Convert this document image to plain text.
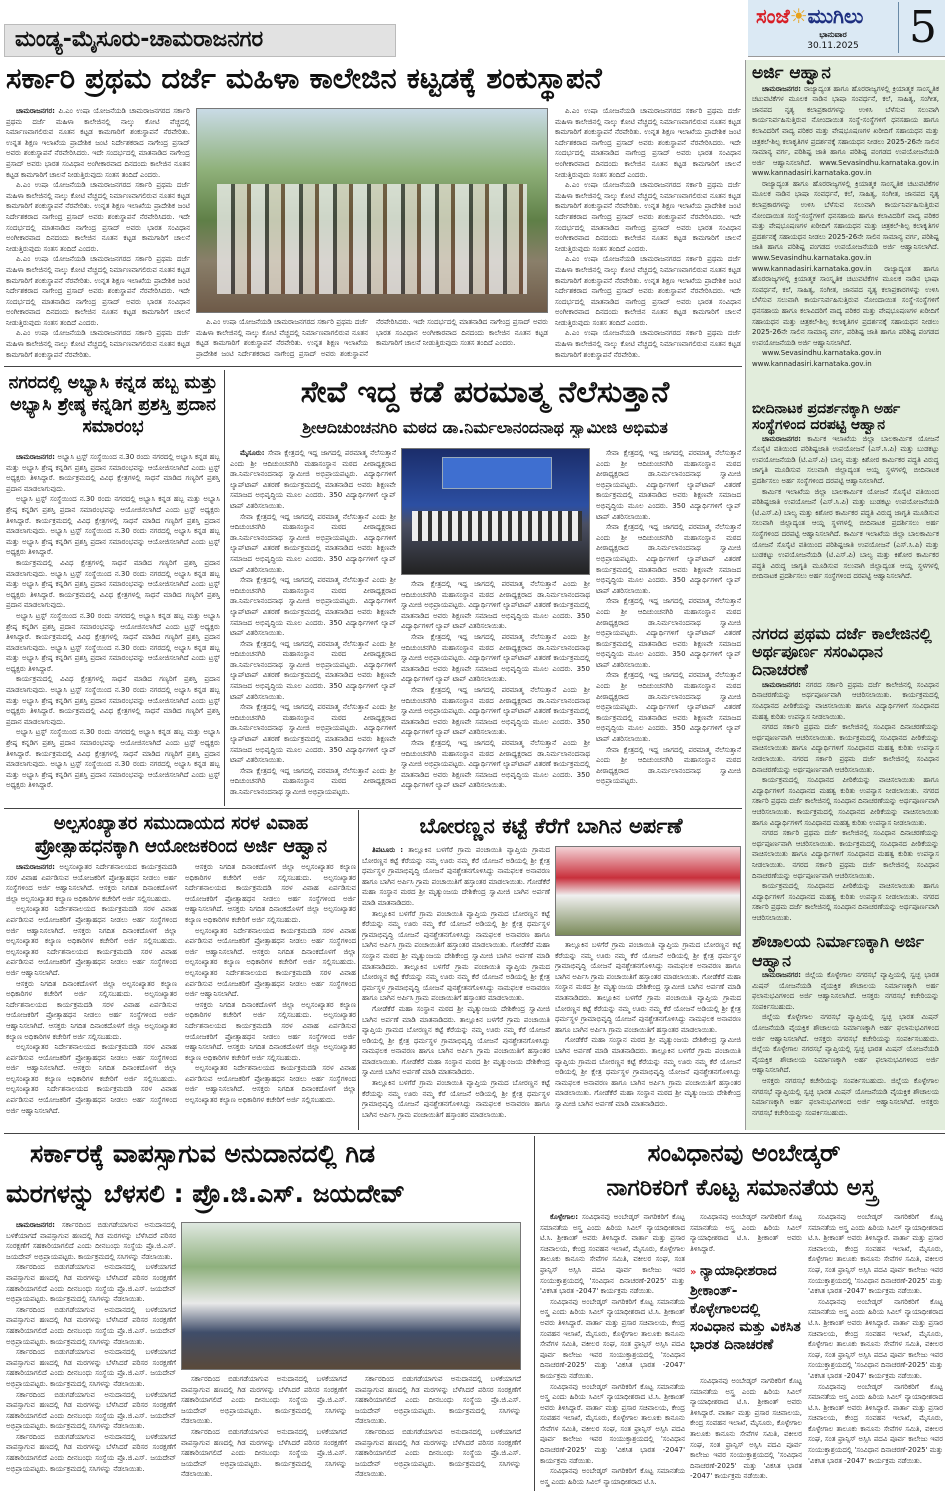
ಮಂಡ್ಯ-ಮೈಸೂರು-ಚಾಮರಾಜನಗರ
ಸಂಜೆ☀ಮುಗಿಲು
ಭಾನುವಾರ
30.11.2025	5
ಸರ್ಕಾರಿ ಪ್ರಥಮ ದರ್ಜೆ ಮಹಿಳಾ ಕಾಲೇಜಿನ ಕಟ್ಟಡಕ್ಕೆ ಶಂಕುಸ್ಥಾಪನೆ

ಚಾಮರಾಜನಗರ: ಪಿ.ಎಂ ಉಷಾ ಯೋಜನೆಯಡಿ ಚಾಮರಾಜನಗರದ ಸರ್ಕಾರಿ ಪ್ರಥಮ ದರ್ಜೆ ಮಹಿಳಾ ಕಾಲೇಜಿನಲ್ಲಿ ನಾಲ್ಕು ಕೋಟಿ ವೆಚ್ಚದಲ್ಲಿ ನಿರ್ಮಾಣವಾಗಲಿರುವ ನೂತನ ಕಟ್ಟಡ ಕಾಮಗಾರಿಗೆ ಶಂಕುಸ್ಥಾಪನೆ ನೆರವೇರಿತು. ಉನ್ನತ ಶಿಕ್ಷಣ ಇಲಾಖೆಯ ಪ್ರಾದೇಶಿಕ ಜಂಟಿ ನಿರ್ದೇಶಕರಾದ ನಾಗೇಂದ್ರ ಪ್ರಸಾದ್ ಅವರು ಶಂಕುಸ್ಥಾಪನೆ ನೆರವೇರಿಸಿದರು. ಇದೇ ಸಂದರ್ಭದಲ್ಲಿ ಮಾತನಾಡಿದ ನಾಗೇಂದ್ರ ಪ್ರಸಾದ್ ಅವರು ಭಾರತ ಸಂವಿಧಾನ ಅಂಗೀಕಾರವಾದ ದಿನದಂದು ಕಾಲೇಜಿನ ನೂತನ ಕಟ್ಟಡ ಕಾಮಗಾರಿಗೆ ಚಾಲನೆ ನೀಡುತ್ತಿರುವುದು ಸಂತಸ ತಂದಿದೆ ಎಂದರು.

ಪಿ.ಎಂ ಉಷಾ ಯೋಜನೆಯಡಿ ಚಾಮರಾಜನಗರದ ಸರ್ಕಾರಿ ಪ್ರಥಮ ದರ್ಜೆ ಮಹಿಳಾ ಕಾಲೇಜಿನಲ್ಲಿ ನಾಲ್ಕು ಕೋಟಿ ವೆಚ್ಚದಲ್ಲಿ ನಿರ್ಮಾಣವಾಗಲಿರುವ ನೂತನ ಕಟ್ಟಡ ಕಾಮಗಾರಿಗೆ ಶಂಕುಸ್ಥಾಪನೆ ನೆರವೇರಿತು. ಉನ್ನತ ಶಿಕ್ಷಣ ಇಲಾಖೆಯ ಪ್ರಾದೇಶಿಕ ಜಂಟಿ ನಿರ್ದೇಶಕರಾದ ನಾಗೇಂದ್ರ ಪ್ರಸಾದ್ ಅವರು ಶಂಕುಸ್ಥಾಪನೆ ನೆರವೇರಿಸಿದರು. ಇದೇ ಸಂದರ್ಭದಲ್ಲಿ ಮಾತನಾಡಿದ ನಾಗೇಂದ್ರ ಪ್ರಸಾದ್ ಅವರು ಭಾರತ ಸಂವಿಧಾನ ಅಂಗೀಕಾರವಾದ ದಿನದಂದು ಕಾಲೇಜಿನ ನೂತನ ಕಟ್ಟಡ ಕಾಮಗಾರಿಗೆ ಚಾಲನೆ ನೀಡುತ್ತಿರುವುದು ಸಂತಸ ತಂದಿದೆ ಎಂದರು.

ಪಿ.ಎಂ ಉಷಾ ಯೋಜನೆಯಡಿ ಚಾಮರಾಜನಗರದ ಸರ್ಕಾರಿ ಪ್ರಥಮ ದರ್ಜೆ ಮಹಿಳಾ ಕಾಲೇಜಿನಲ್ಲಿ ನಾಲ್ಕು ಕೋಟಿ ವೆಚ್ಚದಲ್ಲಿ ನಿರ್ಮಾಣವಾಗಲಿರುವ ನೂತನ ಕಟ್ಟಡ ಕಾಮಗಾರಿಗೆ ಶಂಕುಸ್ಥಾಪನೆ ನೆರವೇರಿತು. ಉನ್ನತ ಶಿಕ್ಷಣ ಇಲಾಖೆಯ ಪ್ರಾದೇಶಿಕ ಜಂಟಿ ನಿರ್ದೇಶಕರಾದ ನಾಗೇಂದ್ರ ಪ್ರಸಾದ್ ಅವರು ಶಂಕುಸ್ಥಾಪನೆ ನೆರವೇರಿಸಿದರು. ಇದೇ ಸಂದರ್ಭದಲ್ಲಿ ಮಾತನಾಡಿದ ನಾಗೇಂದ್ರ ಪ್ರಸಾದ್ ಅವರು ಭಾರತ ಸಂವಿಧಾನ ಅಂಗೀಕಾರವಾದ ದಿನದಂದು ಕಾಲೇಜಿನ ನೂತನ ಕಟ್ಟಡ ಕಾಮಗಾರಿಗೆ ಚಾಲನೆ ನೀಡುತ್ತಿರುವುದು ಸಂತಸ ತಂದಿದೆ ಎಂದರು.

ಪಿ.ಎಂ ಉಷಾ ಯೋಜನೆಯಡಿ ಚಾಮರಾಜನಗರದ ಸರ್ಕಾರಿ ಪ್ರಥಮ ದರ್ಜೆ ಮಹಿಳಾ ಕಾಲೇಜಿನಲ್ಲಿ ನಾಲ್ಕು ಕೋಟಿ ವೆಚ್ಚದಲ್ಲಿ ನಿರ್ಮಾಣವಾಗಲಿರುವ ನೂತನ ಕಟ್ಟಡ ಕಾಮಗಾರಿಗೆ ಶಂಕುಸ್ಥಾಪನೆ ನೆರವೇರಿತು.

ಪಿ.ಎಂ ಉಷಾ ಯೋಜನೆಯಡಿ ಚಾಮರಾಜನಗರದ ಸರ್ಕಾರಿ ಪ್ರಥಮ ದರ್ಜೆ ಮಹಿಳಾ ಕಾಲೇಜಿನಲ್ಲಿ ನಾಲ್ಕು ಕೋಟಿ ವೆಚ್ಚದಲ್ಲಿ ನಿರ್ಮಾಣವಾಗಲಿರುವ ನೂತನ ಕಟ್ಟಡ ಕಾಮಗಾರಿಗೆ ಶಂಕುಸ್ಥಾಪನೆ ನೆರವೇರಿತು. ಉನ್ನತ ಶಿಕ್ಷಣ ಇಲಾಖೆಯ ಪ್ರಾದೇಶಿಕ ಜಂಟಿ ನಿರ್ದೇಶಕರಾದ ನಾಗೇಂದ್ರ ಪ್ರಸಾದ್ ಅವರು ಶಂಕುಸ್ಥಾಪನೆ ನೆರವೇರಿಸಿದರು. ಇದೇ ಸಂದರ್ಭದಲ್ಲಿ ಮಾತನಾಡಿದ ನಾಗೇಂದ್ರ ಪ್ರಸಾದ್ ಅವರು ಭಾರತ ಸಂವಿಧಾನ ಅಂಗೀಕಾರವಾದ ದಿನದಂದು ಕಾಲೇಜಿನ ನೂತನ ಕಟ್ಟಡ ಕಾಮಗಾರಿಗೆ ಚಾಲನೆ ನೀಡುತ್ತಿರುವುದು ಸಂತಸ ತಂದಿದೆ ಎಂದರು.

ಪಿ.ಎಂ ಉಷಾ ಯೋಜನೆಯಡಿ ಚಾಮರಾಜನಗರದ ಸರ್ಕಾರಿ ಪ್ರಥಮ ದರ್ಜೆ ಮಹಿಳಾ ಕಾಲೇಜಿನಲ್ಲಿ ನಾಲ್ಕು ಕೋಟಿ ವೆಚ್ಚದಲ್ಲಿ ನಿರ್ಮಾಣವಾಗಲಿರುವ ನೂತನ ಕಟ್ಟಡ ಕಾಮಗಾರಿಗೆ ಶಂಕುಸ್ಥಾಪನೆ ನೆರವೇರಿತು. ಉನ್ನತ ಶಿಕ್ಷಣ ಇಲಾಖೆಯ ಪ್ರಾದೇಶಿಕ ಜಂಟಿ ನಿರ್ದೇಶಕರಾದ ನಾಗೇಂದ್ರ ಪ್ರಸಾದ್ ಅವರು ಶಂಕುಸ್ಥಾಪನೆ ನೆರವೇರಿಸಿದರು. ಇದೇ ಸಂದರ್ಭದಲ್ಲಿ ಮಾತನಾಡಿದ ನಾಗೇಂದ್ರ ಪ್ರಸಾದ್ ಅವರು ಭಾರತ ಸಂವಿಧಾನ ಅಂಗೀಕಾರವಾದ ದಿನದಂದು ಕಾಲೇಜಿನ ನೂತನ ಕಟ್ಟಡ ಕಾಮಗಾರಿಗೆ ಚಾಲನೆ ನೀಡುತ್ತಿರುವುದು ಸಂತಸ ತಂದಿದೆ ಎಂದರು.

ಪಿ.ಎಂ ಉಷಾ ಯೋಜನೆಯಡಿ ಚಾಮರಾಜನಗರದ ಸರ್ಕಾರಿ ಪ್ರಥಮ ದರ್ಜೆ ಮಹಿಳಾ ಕಾಲೇಜಿನಲ್ಲಿ ನಾಲ್ಕು ಕೋಟಿ ವೆಚ್ಚದಲ್ಲಿ ನಿರ್ಮಾಣವಾಗಲಿರುವ ನೂತನ ಕಟ್ಟಡ ಕಾಮಗಾರಿಗೆ ಶಂಕುಸ್ಥಾಪನೆ ನೆರವೇರಿತು. ಉನ್ನತ ಶಿಕ್ಷಣ ಇಲಾಖೆಯ ಪ್ರಾದೇಶಿಕ ಜಂಟಿ ನಿರ್ದೇಶಕರಾದ ನಾಗೇಂದ್ರ ಪ್ರಸಾದ್ ಅವರು ಶಂಕುಸ್ಥಾಪನೆ ನೆರವೇರಿಸಿದರು. ಇದೇ ಸಂದರ್ಭದಲ್ಲಿ ಮಾತನಾಡಿದ ನಾಗೇಂದ್ರ ಪ್ರಸಾದ್ ಅವರು ಭಾರತ ಸಂವಿಧಾನ ಅಂಗೀಕಾರವಾದ ದಿನದಂದು ಕಾಲೇಜಿನ ನೂತನ ಕಟ್ಟಡ ಕಾಮಗಾರಿಗೆ ಚಾಲನೆ ನೀಡುತ್ತಿರುವುದು ಸಂತಸ ತಂದಿದೆ ಎಂದರು.

ಪಿ.ಎಂ ಉಷಾ ಯೋಜನೆಯಡಿ ಚಾಮರಾಜನಗರದ ಸರ್ಕಾರಿ ಪ್ರಥಮ ದರ್ಜೆ ಮಹಿಳಾ ಕಾಲೇಜಿನಲ್ಲಿ ನಾಲ್ಕು ಕೋಟಿ ವೆಚ್ಚದಲ್ಲಿ ನಿರ್ಮಾಣವಾಗಲಿರುವ ನೂತನ ಕಟ್ಟಡ ಕಾಮಗಾರಿಗೆ ಶಂಕುಸ್ಥಾಪನೆ ನೆರವೇರಿತು. ಉನ್ನತ ಶಿಕ್ಷಣ ಇಲಾಖೆಯ ಪ್ರಾದೇಶಿಕ ಜಂಟಿ ನಿರ್ದೇಶಕರಾದ ನಾಗೇಂದ್ರ ಪ್ರಸಾದ್ ಅವರು ಶಂಕುಸ್ಥಾಪನೆ ನೆರವೇರಿಸಿದರು. ಇದೇ ಸಂದರ್ಭದಲ್ಲಿ ಮಾತನಾಡಿದ ನಾಗೇಂದ್ರ ಪ್ರಸಾದ್ ಅವರು ಭಾರತ ಸಂವಿಧಾನ ಅಂಗೀಕಾರವಾದ ದಿನದಂದು ಕಾಲೇಜಿನ ನೂತನ ಕಟ್ಟಡ ಕಾಮಗಾರಿಗೆ ಚಾಲನೆ ನೀಡುತ್ತಿರುವುದು ಸಂತಸ ತಂದಿದೆ ಎಂದರು.

ಪಿ.ಎಂ ಉಷಾ ಯೋಜನೆಯಡಿ ಚಾಮರಾಜನಗರದ ಸರ್ಕಾರಿ ಪ್ರಥಮ ದರ್ಜೆ ಮಹಿಳಾ ಕಾಲೇಜಿನಲ್ಲಿ ನಾಲ್ಕು ಕೋಟಿ ವೆಚ್ಚದಲ್ಲಿ ನಿರ್ಮಾಣವಾಗಲಿರುವ ನೂತನ ಕಟ್ಟಡ ಕಾಮಗಾರಿಗೆ ಶಂಕುಸ್ಥಾಪನೆ ನೆರವೇರಿತು.

ನಗರದಲ್ಲಿ ಅಭ್ಯಾಸಿ ಕನ್ನಡ ಹಬ್ಬ ಮತ್ತು ಅಭ್ಯಾಸಿ ಶ್ರೇಷ್ಠ ಕನ್ನಡಿಗ ಪ್ರಶಸ್ತಿ ಪ್ರದಾನ ಸಮಾರಂಭ

ಚಾಮರಾಜನಗರ: ಅಭ್ಯಾಸಿ ಟ್ರಸ್ಟ್ ಸಂಸ್ಥೆಯಿಂದ ನ.30 ರಂದು ನಗರದಲ್ಲಿ ಅಭ್ಯಾಸಿ ಕನ್ನಡ ಹಬ್ಬ ಮತ್ತು ಅಭ್ಯಾಸಿ ಶ್ರೇಷ್ಠ ಕನ್ನಡಿಗ ಪ್ರಶಸ್ತಿ ಪ್ರದಾನ ಸಮಾರಂಭವನ್ನು ಆಯೋಜಿಸಲಾಗಿದೆ ಎಂದು ಟ್ರಸ್ಟ್ ಅಧ್ಯಕ್ಷರು ತಿಳಿಸಿದ್ದಾರೆ. ಕಾರ್ಯಕ್ರಮದಲ್ಲಿ ವಿವಿಧ ಕ್ಷೇತ್ರಗಳಲ್ಲಿ ಸಾಧನೆ ಮಾಡಿದ ಗಣ್ಯರಿಗೆ ಪ್ರಶಸ್ತಿ ಪ್ರದಾನ ಮಾಡಲಾಗುವುದು.

ಅಭ್ಯಾಸಿ ಟ್ರಸ್ಟ್ ಸಂಸ್ಥೆಯಿಂದ ನ.30 ರಂದು ನಗರದಲ್ಲಿ ಅಭ್ಯಾಸಿ ಕನ್ನಡ ಹಬ್ಬ ಮತ್ತು ಅಭ್ಯಾಸಿ ಶ್ರೇಷ್ಠ ಕನ್ನಡಿಗ ಪ್ರಶಸ್ತಿ ಪ್ರದಾನ ಸಮಾರಂಭವನ್ನು ಆಯೋಜಿಸಲಾಗಿದೆ ಎಂದು ಟ್ರಸ್ಟ್ ಅಧ್ಯಕ್ಷರು ತಿಳಿಸಿದ್ದಾರೆ. ಕಾರ್ಯಕ್ರಮದಲ್ಲಿ ವಿವಿಧ ಕ್ಷೇತ್ರಗಳಲ್ಲಿ ಸಾಧನೆ ಮಾಡಿದ ಗಣ್ಯರಿಗೆ ಪ್ರಶಸ್ತಿ ಪ್ರದಾನ ಮಾಡಲಾಗುವುದು. ಅಭ್ಯಾಸಿ ಟ್ರಸ್ಟ್ ಸಂಸ್ಥೆಯಿಂದ ನ.30 ರಂದು ನಗರದಲ್ಲಿ ಅಭ್ಯಾಸಿ ಕನ್ನಡ ಹಬ್ಬ ಮತ್ತು ಅಭ್ಯಾಸಿ ಶ್ರೇಷ್ಠ ಕನ್ನಡಿಗ ಪ್ರಶಸ್ತಿ ಪ್ರದಾನ ಸಮಾರಂಭವನ್ನು ಆಯೋಜಿಸಲಾಗಿದೆ ಎಂದು ಟ್ರಸ್ಟ್ ಅಧ್ಯಕ್ಷರು ತಿಳಿಸಿದ್ದಾರೆ.

ಕಾರ್ಯಕ್ರಮದಲ್ಲಿ ವಿವಿಧ ಕ್ಷೇತ್ರಗಳಲ್ಲಿ ಸಾಧನೆ ಮಾಡಿದ ಗಣ್ಯರಿಗೆ ಪ್ರಶಸ್ತಿ ಪ್ರದಾನ ಮಾಡಲಾಗುವುದು. ಅಭ್ಯಾಸಿ ಟ್ರಸ್ಟ್ ಸಂಸ್ಥೆಯಿಂದ ನ.30 ರಂದು ನಗರದಲ್ಲಿ ಅಭ್ಯಾಸಿ ಕನ್ನಡ ಹಬ್ಬ ಮತ್ತು ಅಭ್ಯಾಸಿ ಶ್ರೇಷ್ಠ ಕನ್ನಡಿಗ ಪ್ರಶಸ್ತಿ ಪ್ರದಾನ ಸಮಾರಂಭವನ್ನು ಆಯೋಜಿಸಲಾಗಿದೆ ಎಂದು ಟ್ರಸ್ಟ್ ಅಧ್ಯಕ್ಷರು ತಿಳಿಸಿದ್ದಾರೆ. ಕಾರ್ಯಕ್ರಮದಲ್ಲಿ ವಿವಿಧ ಕ್ಷೇತ್ರಗಳಲ್ಲಿ ಸಾಧನೆ ಮಾಡಿದ ಗಣ್ಯರಿಗೆ ಪ್ರಶಸ್ತಿ ಪ್ರದಾನ ಮಾಡಲಾಗುವುದು.

ಅಭ್ಯಾಸಿ ಟ್ರಸ್ಟ್ ಸಂಸ್ಥೆಯಿಂದ ನ.30 ರಂದು ನಗರದಲ್ಲಿ ಅಭ್ಯಾಸಿ ಕನ್ನಡ ಹಬ್ಬ ಮತ್ತು ಅಭ್ಯಾಸಿ ಶ್ರೇಷ್ಠ ಕನ್ನಡಿಗ ಪ್ರಶಸ್ತಿ ಪ್ರದಾನ ಸಮಾರಂಭವನ್ನು ಆಯೋಜಿಸಲಾಗಿದೆ ಎಂದು ಟ್ರಸ್ಟ್ ಅಧ್ಯಕ್ಷರು ತಿಳಿಸಿದ್ದಾರೆ. ಕಾರ್ಯಕ್ರಮದಲ್ಲಿ ವಿವಿಧ ಕ್ಷೇತ್ರಗಳಲ್ಲಿ ಸಾಧನೆ ಮಾಡಿದ ಗಣ್ಯರಿಗೆ ಪ್ರಶಸ್ತಿ ಪ್ರದಾನ ಮಾಡಲಾಗುವುದು. ಅಭ್ಯಾಸಿ ಟ್ರಸ್ಟ್ ಸಂಸ್ಥೆಯಿಂದ ನ.30 ರಂದು ನಗರದಲ್ಲಿ ಅಭ್ಯಾಸಿ ಕನ್ನಡ ಹಬ್ಬ ಮತ್ತು ಅಭ್ಯಾಸಿ ಶ್ರೇಷ್ಠ ಕನ್ನಡಿಗ ಪ್ರಶಸ್ತಿ ಪ್ರದಾನ ಸಮಾರಂಭವನ್ನು ಆಯೋಜಿಸಲಾಗಿದೆ ಎಂದು ಟ್ರಸ್ಟ್ ಅಧ್ಯಕ್ಷರು ತಿಳಿಸಿದ್ದಾರೆ.

ಕಾರ್ಯಕ್ರಮದಲ್ಲಿ ವಿವಿಧ ಕ್ಷೇತ್ರಗಳಲ್ಲಿ ಸಾಧನೆ ಮಾಡಿದ ಗಣ್ಯರಿಗೆ ಪ್ರಶಸ್ತಿ ಪ್ರದಾನ ಮಾಡಲಾಗುವುದು. ಅಭ್ಯಾಸಿ ಟ್ರಸ್ಟ್ ಸಂಸ್ಥೆಯಿಂದ ನ.30 ರಂದು ನಗರದಲ್ಲಿ ಅಭ್ಯಾಸಿ ಕನ್ನಡ ಹಬ್ಬ ಮತ್ತು ಅಭ್ಯಾಸಿ ಶ್ರೇಷ್ಠ ಕನ್ನಡಿಗ ಪ್ರಶಸ್ತಿ ಪ್ರದಾನ ಸಮಾರಂಭವನ್ನು ಆಯೋಜಿಸಲಾಗಿದೆ ಎಂದು ಟ್ರಸ್ಟ್ ಅಧ್ಯಕ್ಷರು ತಿಳಿಸಿದ್ದಾರೆ. ಕಾರ್ಯಕ್ರಮದಲ್ಲಿ ವಿವಿಧ ಕ್ಷೇತ್ರಗಳಲ್ಲಿ ಸಾಧನೆ ಮಾಡಿದ ಗಣ್ಯರಿಗೆ ಪ್ರಶಸ್ತಿ ಪ್ರದಾನ ಮಾಡಲಾಗುವುದು.

ಅಭ್ಯಾಸಿ ಟ್ರಸ್ಟ್ ಸಂಸ್ಥೆಯಿಂದ ನ.30 ರಂದು ನಗರದಲ್ಲಿ ಅಭ್ಯಾಸಿ ಕನ್ನಡ ಹಬ್ಬ ಮತ್ತು ಅಭ್ಯಾಸಿ ಶ್ರೇಷ್ಠ ಕನ್ನಡಿಗ ಪ್ರಶಸ್ತಿ ಪ್ರದಾನ ಸಮಾರಂಭವನ್ನು ಆಯೋಜಿಸಲಾಗಿದೆ ಎಂದು ಟ್ರಸ್ಟ್ ಅಧ್ಯಕ್ಷರು ತಿಳಿಸಿದ್ದಾರೆ. ಕಾರ್ಯಕ್ರಮದಲ್ಲಿ ವಿವಿಧ ಕ್ಷೇತ್ರಗಳಲ್ಲಿ ಸಾಧನೆ ಮಾಡಿದ ಗಣ್ಯರಿಗೆ ಪ್ರಶಸ್ತಿ ಪ್ರದಾನ ಮಾಡಲಾಗುವುದು. ಅಭ್ಯಾಸಿ ಟ್ರಸ್ಟ್ ಸಂಸ್ಥೆಯಿಂದ ನ.30 ರಂದು ನಗರದಲ್ಲಿ ಅಭ್ಯಾಸಿ ಕನ್ನಡ ಹಬ್ಬ ಮತ್ತು ಅಭ್ಯಾಸಿ ಶ್ರೇಷ್ಠ ಕನ್ನಡಿಗ ಪ್ರಶಸ್ತಿ ಪ್ರದಾನ ಸಮಾರಂಭವನ್ನು ಆಯೋಜಿಸಲಾಗಿದೆ ಎಂದು ಟ್ರಸ್ಟ್ ಅಧ್ಯಕ್ಷರು ತಿಳಿಸಿದ್ದಾರೆ.

ಸೇವೆ ಇದ್ದ ಕಡೆ ಪರಮಾತ್ಮ ನೆಲೆಸುತ್ತಾನೆ
ಶ್ರೀಆದಿಚುಂಚನಗಿರಿ ಮಠದ ಡಾ.ನಿರ್ಮಲಾನಂದನಾಥ ಸ್ವಾಮೀಜಿ ಅಭಿಮತ

ಮೈಸೂರು: ಸೇವಾ ಕ್ಷೇತ್ರದಲ್ಲಿ ಇದ್ದ ಜಾಗದಲ್ಲಿ ಪರಮಾತ್ಮ ನೆಲೆಸುತ್ತಾನೆ ಎಂದು ಶ್ರೀ ಆದಿಚುಂಚನಗಿರಿ ಮಹಾಸಂಸ್ಥಾನ ಮಠದ ಪೀಠಾಧ್ಯಕ್ಷರಾದ ಡಾ.ನಿರ್ಮಲಾನಂದನಾಥ ಸ್ವಾಮೀಜಿ ಅಭಿಪ್ರಾಯಪಟ್ಟರು. ವಿದ್ಯಾರ್ಥಿಗಳಿಗೆ ಲ್ಯಾಪ್‌ಟಾಪ್ ವಿತರಣೆ ಕಾರ್ಯಕ್ರಮದಲ್ಲಿ ಮಾತನಾಡಿದ ಅವರು ಶಿಕ್ಷಣವೇ ಸಮಾಜದ ಅಭಿವೃದ್ಧಿಯ ಮೂಲ ಎಂದರು. 350 ವಿದ್ಯಾರ್ಥಿಗಳಿಗೆ ಲ್ಯಾಪ್ ಟಾಪ್ ವಿತರಿಸಲಾಯಿತು.

ಸೇವಾ ಕ್ಷೇತ್ರದಲ್ಲಿ ಇದ್ದ ಜಾಗದಲ್ಲಿ ಪರಮಾತ್ಮ ನೆಲೆಸುತ್ತಾನೆ ಎಂದು ಶ್ರೀ ಆದಿಚುಂಚನಗಿರಿ ಮಹಾಸಂಸ್ಥಾನ ಮಠದ ಪೀಠಾಧ್ಯಕ್ಷರಾದ ಡಾ.ನಿರ್ಮಲಾನಂದನಾಥ ಸ್ವಾಮೀಜಿ ಅಭಿಪ್ರಾಯಪಟ್ಟರು. ವಿದ್ಯಾರ್ಥಿಗಳಿಗೆ ಲ್ಯಾಪ್‌ಟಾಪ್ ವಿತರಣೆ ಕಾರ್ಯಕ್ರಮದಲ್ಲಿ ಮಾತನಾಡಿದ ಅವರು ಶಿಕ್ಷಣವೇ ಸಮಾಜದ ಅಭಿವೃದ್ಧಿಯ ಮೂಲ ಎಂದರು. 350 ವಿದ್ಯಾರ್ಥಿಗಳಿಗೆ ಲ್ಯಾಪ್ ಟಾಪ್ ವಿತರಿಸಲಾಯಿತು.

ಸೇವಾ ಕ್ಷೇತ್ರದಲ್ಲಿ ಇದ್ದ ಜಾಗದಲ್ಲಿ ಪರಮಾತ್ಮ ನೆಲೆಸುತ್ತಾನೆ ಎಂದು ಶ್ರೀ ಆದಿಚುಂಚನಗಿರಿ ಮಹಾಸಂಸ್ಥಾನ ಮಠದ ಪೀಠಾಧ್ಯಕ್ಷರಾದ ಡಾ.ನಿರ್ಮಲಾನಂದನಾಥ ಸ್ವಾಮೀಜಿ ಅಭಿಪ್ರಾಯಪಟ್ಟರು. ವಿದ್ಯಾರ್ಥಿಗಳಿಗೆ ಲ್ಯಾಪ್‌ಟಾಪ್ ವಿತರಣೆ ಕಾರ್ಯಕ್ರಮದಲ್ಲಿ ಮಾತನಾಡಿದ ಅವರು ಶಿಕ್ಷಣವೇ ಸಮಾಜದ ಅಭಿವೃದ್ಧಿಯ ಮೂಲ ಎಂದರು. 350 ವಿದ್ಯಾರ್ಥಿಗಳಿಗೆ ಲ್ಯಾಪ್ ಟಾಪ್ ವಿತರಿಸಲಾಯಿತು.

ಸೇವಾ ಕ್ಷೇತ್ರದಲ್ಲಿ ಇದ್ದ ಜಾಗದಲ್ಲಿ ಪರಮಾತ್ಮ ನೆಲೆಸುತ್ತಾನೆ ಎಂದು ಶ್ರೀ ಆದಿಚುಂಚನಗಿರಿ ಮಹಾಸಂಸ್ಥಾನ ಮಠದ ಪೀಠಾಧ್ಯಕ್ಷರಾದ ಡಾ.ನಿರ್ಮಲಾನಂದನಾಥ ಸ್ವಾಮೀಜಿ ಅಭಿಪ್ರಾಯಪಟ್ಟರು. ವಿದ್ಯಾರ್ಥಿಗಳಿಗೆ ಲ್ಯಾಪ್‌ಟಾಪ್ ವಿತರಣೆ ಕಾರ್ಯಕ್ರಮದಲ್ಲಿ ಮಾತನಾಡಿದ ಅವರು ಶಿಕ್ಷಣವೇ ಸಮಾಜದ ಅಭಿವೃದ್ಧಿಯ ಮೂಲ ಎಂದರು. 350 ವಿದ್ಯಾರ್ಥಿಗಳಿಗೆ ಲ್ಯಾಪ್ ಟಾಪ್ ವಿತರಿಸಲಾಯಿತು.

ಸೇವಾ ಕ್ಷೇತ್ರದಲ್ಲಿ ಇದ್ದ ಜಾಗದಲ್ಲಿ ಪರಮಾತ್ಮ ನೆಲೆಸುತ್ತಾನೆ ಎಂದು ಶ್ರೀ ಆದಿಚುಂಚನಗಿರಿ ಮಹಾಸಂಸ್ಥಾನ ಮಠದ ಪೀಠಾಧ್ಯಕ್ಷರಾದ ಡಾ.ನಿರ್ಮಲಾನಂದನಾಥ ಸ್ವಾಮೀಜಿ ಅಭಿಪ್ರಾಯಪಟ್ಟರು. ವಿದ್ಯಾರ್ಥಿಗಳಿಗೆ ಲ್ಯಾಪ್‌ಟಾಪ್ ವಿತರಣೆ ಕಾರ್ಯಕ್ರಮದಲ್ಲಿ ಮಾತನಾಡಿದ ಅವರು ಶಿಕ್ಷಣವೇ ಸಮಾಜದ ಅಭಿವೃದ್ಧಿಯ ಮೂಲ ಎಂದರು. 350 ವಿದ್ಯಾರ್ಥಿಗಳಿಗೆ ಲ್ಯಾಪ್ ಟಾಪ್ ವಿತರಿಸಲಾಯಿತು.

ಸೇವಾ ಕ್ಷೇತ್ರದಲ್ಲಿ ಇದ್ದ ಜಾಗದಲ್ಲಿ ಪರಮಾತ್ಮ ನೆಲೆಸುತ್ತಾನೆ ಎಂದು ಶ್ರೀ ಆದಿಚುಂಚನಗಿರಿ ಮಹಾಸಂಸ್ಥಾನ ಮಠದ ಪೀಠಾಧ್ಯಕ್ಷರಾದ ಡಾ.ನಿರ್ಮಲಾನಂದನಾಥ ಸ್ವಾಮೀಜಿ ಅಭಿಪ್ರಾಯಪಟ್ಟರು.

ಸೇವಾ ಕ್ಷೇತ್ರದಲ್ಲಿ ಇದ್ದ ಜಾಗದಲ್ಲಿ ಪರಮಾತ್ಮ ನೆಲೆಸುತ್ತಾನೆ ಎಂದು ಶ್ರೀ ಆದಿಚುಂಚನಗಿರಿ ಮಹಾಸಂಸ್ಥಾನ ಮಠದ ಪೀಠಾಧ್ಯಕ್ಷರಾದ ಡಾ.ನಿರ್ಮಲಾನಂದನಾಥ ಸ್ವಾಮೀಜಿ ಅಭಿಪ್ರಾಯಪಟ್ಟರು. ವಿದ್ಯಾರ್ಥಿಗಳಿಗೆ ಲ್ಯಾಪ್‌ಟಾಪ್ ವಿತರಣೆ ಕಾರ್ಯಕ್ರಮದಲ್ಲಿ ಮಾತನಾಡಿದ ಅವರು ಶಿಕ್ಷಣವೇ ಸಮಾಜದ ಅಭಿವೃದ್ಧಿಯ ಮೂಲ ಎಂದರು. 350 ವಿದ್ಯಾರ್ಥಿಗಳಿಗೆ ಲ್ಯಾಪ್ ಟಾಪ್ ವಿತರಿಸಲಾಯಿತು.

ಸೇವಾ ಕ್ಷೇತ್ರದಲ್ಲಿ ಇದ್ದ ಜಾಗದಲ್ಲಿ ಪರಮಾತ್ಮ ನೆಲೆಸುತ್ತಾನೆ ಎಂದು ಶ್ರೀ ಆದಿಚುಂಚನಗಿರಿ ಮಹಾಸಂಸ್ಥಾನ ಮಠದ ಪೀಠಾಧ್ಯಕ್ಷರಾದ ಡಾ.ನಿರ್ಮಲಾನಂದನಾಥ ಸ್ವಾಮೀಜಿ ಅಭಿಪ್ರಾಯಪಟ್ಟರು. ವಿದ್ಯಾರ್ಥಿಗಳಿಗೆ ಲ್ಯಾಪ್‌ಟಾಪ್ ವಿತರಣೆ ಕಾರ್ಯಕ್ರಮದಲ್ಲಿ ಮಾತನಾಡಿದ ಅವರು ಶಿಕ್ಷಣವೇ ಸಮಾಜದ ಅಭಿವೃದ್ಧಿಯ ಮೂಲ ಎಂದರು. 350 ವಿದ್ಯಾರ್ಥಿಗಳಿಗೆ ಲ್ಯಾಪ್ ಟಾಪ್ ವಿತರಿಸಲಾಯಿತು.

ಸೇವಾ ಕ್ಷೇತ್ರದಲ್ಲಿ ಇದ್ದ ಜಾಗದಲ್ಲಿ ಪರಮಾತ್ಮ ನೆಲೆಸುತ್ತಾನೆ ಎಂದು ಶ್ರೀ ಆದಿಚುಂಚನಗಿರಿ ಮಹಾಸಂಸ್ಥಾನ ಮಠದ ಪೀಠಾಧ್ಯಕ್ಷರಾದ ಡಾ.ನಿರ್ಮಲಾನಂದನಾಥ ಸ್ವಾಮೀಜಿ ಅಭಿಪ್ರಾಯಪಟ್ಟರು. ವಿದ್ಯಾರ್ಥಿಗಳಿಗೆ ಲ್ಯಾಪ್‌ಟಾಪ್ ವಿತರಣೆ ಕಾರ್ಯಕ್ರಮದಲ್ಲಿ ಮಾತನಾಡಿದ ಅವರು ಶಿಕ್ಷಣವೇ ಸಮಾಜದ ಅಭಿವೃದ್ಧಿಯ ಮೂಲ ಎಂದರು. 350 ವಿದ್ಯಾರ್ಥಿಗಳಿಗೆ ಲ್ಯಾಪ್ ಟಾಪ್ ವಿತರಿಸಲಾಯಿತು.

ಸೇವಾ ಕ್ಷೇತ್ರದಲ್ಲಿ ಇದ್ದ ಜಾಗದಲ್ಲಿ ಪರಮಾತ್ಮ ನೆಲೆಸುತ್ತಾನೆ ಎಂದು ಶ್ರೀ ಆದಿಚುಂಚನಗಿರಿ ಮಹಾಸಂಸ್ಥಾನ ಮಠದ ಪೀಠಾಧ್ಯಕ್ಷರಾದ ಡಾ.ನಿರ್ಮಲಾನಂದನಾಥ ಸ್ವಾಮೀಜಿ ಅಭಿಪ್ರಾಯಪಟ್ಟರು. ವಿದ್ಯಾರ್ಥಿಗಳಿಗೆ ಲ್ಯಾಪ್‌ಟಾಪ್ ವಿತರಣೆ ಕಾರ್ಯಕ್ರಮದಲ್ಲಿ ಮಾತನಾಡಿದ ಅವರು ಶಿಕ್ಷಣವೇ ಸಮಾಜದ ಅಭಿವೃದ್ಧಿಯ ಮೂಲ ಎಂದರು. 350 ವಿದ್ಯಾರ್ಥಿಗಳಿಗೆ ಲ್ಯಾಪ್ ಟಾಪ್ ವಿತರಿಸಲಾಯಿತು.

ಸೇವಾ ಕ್ಷೇತ್ರದಲ್ಲಿ ಇದ್ದ ಜಾಗದಲ್ಲಿ ಪರಮಾತ್ಮ ನೆಲೆಸುತ್ತಾನೆ ಎಂದು ಶ್ರೀ ಆದಿಚುಂಚನಗಿರಿ ಮಹಾಸಂಸ್ಥಾನ ಮಠದ ಪೀಠಾಧ್ಯಕ್ಷರಾದ ಡಾ.ನಿರ್ಮಲಾನಂದನಾಥ ಸ್ವಾಮೀಜಿ ಅಭಿಪ್ರಾಯಪಟ್ಟರು. ವಿದ್ಯಾರ್ಥಿಗಳಿಗೆ ಲ್ಯಾಪ್‌ಟಾಪ್ ವಿತರಣೆ ಕಾರ್ಯಕ್ರಮದಲ್ಲಿ ಮಾತನಾಡಿದ ಅವರು ಶಿಕ್ಷಣವೇ ಸಮಾಜದ ಅಭಿವೃದ್ಧಿಯ ಮೂಲ ಎಂದರು. 350 ವಿದ್ಯಾರ್ಥಿಗಳಿಗೆ ಲ್ಯಾಪ್ ಟಾಪ್ ವಿತರಿಸಲಾಯಿತು.

ಸೇವಾ ಕ್ಷೇತ್ರದಲ್ಲಿ ಇದ್ದ ಜಾಗದಲ್ಲಿ ಪರಮಾತ್ಮ ನೆಲೆಸುತ್ತಾನೆ ಎಂದು ಶ್ರೀ ಆದಿಚುಂಚನಗಿರಿ ಮಹಾಸಂಸ್ಥಾನ ಮಠದ ಪೀಠಾಧ್ಯಕ್ಷರಾದ ಡಾ.ನಿರ್ಮಲಾನಂದನಾಥ ಸ್ವಾಮೀಜಿ ಅಭಿಪ್ರಾಯಪಟ್ಟರು. ವಿದ್ಯಾರ್ಥಿಗಳಿಗೆ ಲ್ಯಾಪ್‌ಟಾಪ್ ವಿತರಣೆ ಕಾರ್ಯಕ್ರಮದಲ್ಲಿ ಮಾತನಾಡಿದ ಅವರು ಶಿಕ್ಷಣವೇ ಸಮಾಜದ ಅಭಿವೃದ್ಧಿಯ ಮೂಲ ಎಂದರು. 350 ವಿದ್ಯಾರ್ಥಿಗಳಿಗೆ ಲ್ಯಾಪ್ ಟಾಪ್ ವಿತರಿಸಲಾಯಿತು.

ಸೇವಾ ಕ್ಷೇತ್ರದಲ್ಲಿ ಇದ್ದ ಜಾಗದಲ್ಲಿ ಪರಮಾತ್ಮ ನೆಲೆಸುತ್ತಾನೆ ಎಂದು ಶ್ರೀ ಆದಿಚುಂಚನಗಿರಿ ಮಹಾಸಂಸ್ಥಾನ ಮಠದ ಪೀಠಾಧ್ಯಕ್ಷರಾದ ಡಾ.ನಿರ್ಮಲಾನಂದನಾಥ ಸ್ವಾಮೀಜಿ ಅಭಿಪ್ರಾಯಪಟ್ಟರು. ವಿದ್ಯಾರ್ಥಿಗಳಿಗೆ ಲ್ಯಾಪ್‌ಟಾಪ್ ವಿತರಣೆ ಕಾರ್ಯಕ್ರಮದಲ್ಲಿ ಮಾತನಾಡಿದ ಅವರು ಶಿಕ್ಷಣವೇ ಸಮಾಜದ ಅಭಿವೃದ್ಧಿಯ ಮೂಲ ಎಂದರು. 350 ವಿದ್ಯಾರ್ಥಿಗಳಿಗೆ ಲ್ಯಾಪ್ ಟಾಪ್ ವಿತರಿಸಲಾಯಿತು.

ಸೇವಾ ಕ್ಷೇತ್ರದಲ್ಲಿ ಇದ್ದ ಜಾಗದಲ್ಲಿ ಪರಮಾತ್ಮ ನೆಲೆಸುತ್ತಾನೆ ಎಂದು ಶ್ರೀ ಆದಿಚುಂಚನಗಿರಿ ಮಹಾಸಂಸ್ಥಾನ ಮಠದ ಪೀಠಾಧ್ಯಕ್ಷರಾದ ಡಾ.ನಿರ್ಮಲಾನಂದನಾಥ ಸ್ವಾಮೀಜಿ ಅಭಿಪ್ರಾಯಪಟ್ಟರು. ವಿದ್ಯಾರ್ಥಿಗಳಿಗೆ ಲ್ಯಾಪ್‌ಟಾಪ್ ವಿತರಣೆ ಕಾರ್ಯಕ್ರಮದಲ್ಲಿ ಮಾತನಾಡಿದ ಅವರು ಶಿಕ್ಷಣವೇ ಸಮಾಜದ ಅಭಿವೃದ್ಧಿಯ ಮೂಲ ಎಂದರು. 350 ವಿದ್ಯಾರ್ಥಿಗಳಿಗೆ ಲ್ಯಾಪ್ ಟಾಪ್ ವಿತರಿಸಲಾಯಿತು.

ಸೇವಾ ಕ್ಷೇತ್ರದಲ್ಲಿ ಇದ್ದ ಜಾಗದಲ್ಲಿ ಪರಮಾತ್ಮ ನೆಲೆಸುತ್ತಾನೆ ಎಂದು ಶ್ರೀ ಆದಿಚುಂಚನಗಿರಿ ಮಹಾಸಂಸ್ಥಾನ ಮಠದ ಪೀಠಾಧ್ಯಕ್ಷರಾದ ಡಾ.ನಿರ್ಮಲಾನಂದನಾಥ ಸ್ವಾಮೀಜಿ ಅಭಿಪ್ರಾಯಪಟ್ಟರು.

ಅಲ್ಪಸಂಖ್ಯಾತರ ಸಮುದಾಯದ ಸರಳ ವಿವಾಹ ಪ್ರೋತ್ಸಾಹಧನಕ್ಕಾಗಿ ಆಯೋಜಕರಿಂದ ಅರ್ಜಿ ಆಹ್ವಾನ

ಚಾಮರಾಜನಗರ: ಅಲ್ಪಸಂಖ್ಯಾತರ ನಿರ್ದೇಶನಾಲಯದ ಕಾರ್ಯಕ್ರಮದಡಿ ಸರಳ ವಿವಾಹ ಏರ್ಪಡಿಸುವ ಆಯೋಜಕರಿಗೆ ಪ್ರೋತ್ಸಾಹಧನ ನೀಡಲು ಅರ್ಹ ಸಂಸ್ಥೆಗಳಿಂದ ಅರ್ಜಿ ಆಹ್ವಾನಿಸಲಾಗಿದೆ. ಆಸಕ್ತರು ನಿಗದಿತ ದಿನಾಂಕದೊಳಗೆ ಜಿಲ್ಲಾ ಅಲ್ಪಸಂಖ್ಯಾತರ ಕಲ್ಯಾಣ ಅಧಿಕಾರಿಗಳ ಕಚೇರಿಗೆ ಅರ್ಜಿ ಸಲ್ಲಿಸಬಹುದು.

ಅಲ್ಪಸಂಖ್ಯಾತರ ನಿರ್ದೇಶನಾಲಯದ ಕಾರ್ಯಕ್ರಮದಡಿ ಸರಳ ವಿವಾಹ ಏರ್ಪಡಿಸುವ ಆಯೋಜಕರಿಗೆ ಪ್ರೋತ್ಸಾಹಧನ ನೀಡಲು ಅರ್ಹ ಸಂಸ್ಥೆಗಳಿಂದ ಅರ್ಜಿ ಆಹ್ವಾನಿಸಲಾಗಿದೆ. ಆಸಕ್ತರು ನಿಗದಿತ ದಿನಾಂಕದೊಳಗೆ ಜಿಲ್ಲಾ ಅಲ್ಪಸಂಖ್ಯಾತರ ಕಲ್ಯಾಣ ಅಧಿಕಾರಿಗಳ ಕಚೇರಿಗೆ ಅರ್ಜಿ ಸಲ್ಲಿಸಬಹುದು. ಅಲ್ಪಸಂಖ್ಯಾತರ ನಿರ್ದೇಶನಾಲಯದ ಕಾರ್ಯಕ್ರಮದಡಿ ಸರಳ ವಿವಾಹ ಏರ್ಪಡಿಸುವ ಆಯೋಜಕರಿಗೆ ಪ್ರೋತ್ಸಾಹಧನ ನೀಡಲು ಅರ್ಹ ಸಂಸ್ಥೆಗಳಿಂದ ಅರ್ಜಿ ಆಹ್ವಾನಿಸಲಾಗಿದೆ.

ಆಸಕ್ತರು ನಿಗದಿತ ದಿನಾಂಕದೊಳಗೆ ಜಿಲ್ಲಾ ಅಲ್ಪಸಂಖ್ಯಾತರ ಕಲ್ಯಾಣ ಅಧಿಕಾರಿಗಳ ಕಚೇರಿಗೆ ಅರ್ಜಿ ಸಲ್ಲಿಸಬಹುದು. ಅಲ್ಪಸಂಖ್ಯಾತರ ನಿರ್ದೇಶನಾಲಯದ ಕಾರ್ಯಕ್ರಮದಡಿ ಸರಳ ವಿವಾಹ ಏರ್ಪಡಿಸುವ ಆಯೋಜಕರಿಗೆ ಪ್ರೋತ್ಸಾಹಧನ ನೀಡಲು ಅರ್ಹ ಸಂಸ್ಥೆಗಳಿಂದ ಅರ್ಜಿ ಆಹ್ವಾನಿಸಲಾಗಿದೆ. ಆಸಕ್ತರು ನಿಗದಿತ ದಿನಾಂಕದೊಳಗೆ ಜಿಲ್ಲಾ ಅಲ್ಪಸಂಖ್ಯಾತರ ಕಲ್ಯಾಣ ಅಧಿಕಾರಿಗಳ ಕಚೇರಿಗೆ ಅರ್ಜಿ ಸಲ್ಲಿಸಬಹುದು.

ಅಲ್ಪಸಂಖ್ಯಾತರ ನಿರ್ದೇಶನಾಲಯದ ಕಾರ್ಯಕ್ರಮದಡಿ ಸರಳ ವಿವಾಹ ಏರ್ಪಡಿಸುವ ಆಯೋಜಕರಿಗೆ ಪ್ರೋತ್ಸಾಹಧನ ನೀಡಲು ಅರ್ಹ ಸಂಸ್ಥೆಗಳಿಂದ ಅರ್ಜಿ ಆಹ್ವಾನಿಸಲಾಗಿದೆ. ಆಸಕ್ತರು ನಿಗದಿತ ದಿನಾಂಕದೊಳಗೆ ಜಿಲ್ಲಾ ಅಲ್ಪಸಂಖ್ಯಾತರ ಕಲ್ಯಾಣ ಅಧಿಕಾರಿಗಳ ಕಚೇರಿಗೆ ಅರ್ಜಿ ಸಲ್ಲಿಸಬಹುದು. ಅಲ್ಪಸಂಖ್ಯಾತರ ನಿರ್ದೇಶನಾಲಯದ ಕಾರ್ಯಕ್ರಮದಡಿ ಸರಳ ವಿವಾಹ ಏರ್ಪಡಿಸುವ ಆಯೋಜಕರಿಗೆ ಪ್ರೋತ್ಸಾಹಧನ ನೀಡಲು ಅರ್ಹ ಸಂಸ್ಥೆಗಳಿಂದ ಅರ್ಜಿ ಆಹ್ವಾನಿಸಲಾಗಿದೆ.

ಆಸಕ್ತರು ನಿಗದಿತ ದಿನಾಂಕದೊಳಗೆ ಜಿಲ್ಲಾ ಅಲ್ಪಸಂಖ್ಯಾತರ ಕಲ್ಯಾಣ ಅಧಿಕಾರಿಗಳ ಕಚೇರಿಗೆ ಅರ್ಜಿ ಸಲ್ಲಿಸಬಹುದು. ಅಲ್ಪಸಂಖ್ಯಾತರ ನಿರ್ದೇಶನಾಲಯದ ಕಾರ್ಯಕ್ರಮದಡಿ ಸರಳ ವಿವಾಹ ಏರ್ಪಡಿಸುವ ಆಯೋಜಕರಿಗೆ ಪ್ರೋತ್ಸಾಹಧನ ನೀಡಲು ಅರ್ಹ ಸಂಸ್ಥೆಗಳಿಂದ ಅರ್ಜಿ ಆಹ್ವಾನಿಸಲಾಗಿದೆ. ಆಸಕ್ತರು ನಿಗದಿತ ದಿನಾಂಕದೊಳಗೆ ಜಿಲ್ಲಾ ಅಲ್ಪಸಂಖ್ಯಾತರ ಕಲ್ಯಾಣ ಅಧಿಕಾರಿಗಳ ಕಚೇರಿಗೆ ಅರ್ಜಿ ಸಲ್ಲಿಸಬಹುದು.

ಅಲ್ಪಸಂಖ್ಯಾತರ ನಿರ್ದೇಶನಾಲಯದ ಕಾರ್ಯಕ್ರಮದಡಿ ಸರಳ ವಿವಾಹ ಏರ್ಪಡಿಸುವ ಆಯೋಜಕರಿಗೆ ಪ್ರೋತ್ಸಾಹಧನ ನೀಡಲು ಅರ್ಹ ಸಂಸ್ಥೆಗಳಿಂದ ಅರ್ಜಿ ಆಹ್ವಾನಿಸಲಾಗಿದೆ. ಆಸಕ್ತರು ನಿಗದಿತ ದಿನಾಂಕದೊಳಗೆ ಜಿಲ್ಲಾ ಅಲ್ಪಸಂಖ್ಯಾತರ ಕಲ್ಯಾಣ ಅಧಿಕಾರಿಗಳ ಕಚೇರಿಗೆ ಅರ್ಜಿ ಸಲ್ಲಿಸಬಹುದು. ಅಲ್ಪಸಂಖ್ಯಾತರ ನಿರ್ದೇಶನಾಲಯದ ಕಾರ್ಯಕ್ರಮದಡಿ ಸರಳ ವಿವಾಹ ಏರ್ಪಡಿಸುವ ಆಯೋಜಕರಿಗೆ ಪ್ರೋತ್ಸಾಹಧನ ನೀಡಲು ಅರ್ಹ ಸಂಸ್ಥೆಗಳಿಂದ ಅರ್ಜಿ ಆಹ್ವಾನಿಸಲಾಗಿದೆ.

ಆಸಕ್ತರು ನಿಗದಿತ ದಿನಾಂಕದೊಳಗೆ ಜಿಲ್ಲಾ ಅಲ್ಪಸಂಖ್ಯಾತರ ಕಲ್ಯಾಣ ಅಧಿಕಾರಿಗಳ ಕಚೇರಿಗೆ ಅರ್ಜಿ ಸಲ್ಲಿಸಬಹುದು. ಅಲ್ಪಸಂಖ್ಯಾತರ ನಿರ್ದೇಶನಾಲಯದ ಕಾರ್ಯಕ್ರಮದಡಿ ಸರಳ ವಿವಾಹ ಏರ್ಪಡಿಸುವ ಆಯೋಜಕರಿಗೆ ಪ್ರೋತ್ಸಾಹಧನ ನೀಡಲು ಅರ್ಹ ಸಂಸ್ಥೆಗಳಿಂದ ಅರ್ಜಿ ಆಹ್ವಾನಿಸಲಾಗಿದೆ. ಆಸಕ್ತರು ನಿಗದಿತ ದಿನಾಂಕದೊಳಗೆ ಜಿಲ್ಲಾ ಅಲ್ಪಸಂಖ್ಯಾತರ ಕಲ್ಯಾಣ ಅಧಿಕಾರಿಗಳ ಕಚೇರಿಗೆ ಅರ್ಜಿ ಸಲ್ಲಿಸಬಹುದು.

ಅಲ್ಪಸಂಖ್ಯಾತರ ನಿರ್ದೇಶನಾಲಯದ ಕಾರ್ಯಕ್ರಮದಡಿ ಸರಳ ವಿವಾಹ ಏರ್ಪಡಿಸುವ ಆಯೋಜಕರಿಗೆ ಪ್ರೋತ್ಸಾಹಧನ ನೀಡಲು ಅರ್ಹ ಸಂಸ್ಥೆಗಳಿಂದ ಅರ್ಜಿ ಆಹ್ವಾನಿಸಲಾಗಿದೆ. ಆಸಕ್ತರು ನಿಗದಿತ ದಿನಾಂಕದೊಳಗೆ ಜಿಲ್ಲಾ ಅಲ್ಪಸಂಖ್ಯಾತರ ಕಲ್ಯಾಣ ಅಧಿಕಾರಿಗಳ ಕಚೇರಿಗೆ ಅರ್ಜಿ ಸಲ್ಲಿಸಬಹುದು.

ಬೋರಣ್ಣನ ಕಟ್ಟೆ ಕೆರೆಗೆ ಬಾಗಿನ ಅರ್ಪಣೆ

ತಿಪಟೂರು : ತಾಲ್ಲೂಕಿನ ಬಳಗೆರೆ ಗ್ರಾಮ ಪಂಚಾಯಿತಿ ವ್ಯಾಪ್ತಿಯ ಗ್ರಾಮದ ಬೋರಣ್ಣನ ಕಟ್ಟೆ ಕೆರೆಯನ್ನು ನಮ್ಮ ಊರು ನಮ್ಮ ಕೆರೆ ಯೋಜನೆ ಅಡಿಯಲ್ಲಿ ಶ್ರೀ ಕ್ಷೇತ್ರ ಧರ್ಮಸ್ಥಳ ಗ್ರಾಮಾಭಿವೃದ್ಧಿ ಯೋಜನೆ ಪುನಶ್ಚೇತನಗೊಳಿಸಿದ್ದು ನಾಮಫಲಕ ಅನಾವರಣ ಹಾಗೂ ಬಾಗಿನ ಅರ್ಪಿಸಿ ಗ್ರಾಮ ಪಂಚಾಯಿತಿಗೆ ಹಸ್ತಾಂತರ ಮಾಡಲಾಯಿತು. ಗೋಡೆಕೆರೆ ಮಹಾ ಸಂಸ್ಥಾನ ಮಠದ ಶ್ರೀ ಮೃತ್ಯುಂಜಯ ದೇಶಿಕೇಂದ್ರ ಸ್ವಾಮೀಜಿ ಬಾಗಿನ ಅರ್ಪಣೆ ಮಾಡಿ ಮಾತನಾಡಿದರು.

ತಾಲ್ಲೂಕಿನ ಬಳಗೆರೆ ಗ್ರಾಮ ಪಂಚಾಯಿತಿ ವ್ಯಾಪ್ತಿಯ ಗ್ರಾಮದ ಬೋರಣ್ಣನ ಕಟ್ಟೆ ಕೆರೆಯನ್ನು ನಮ್ಮ ಊರು ನಮ್ಮ ಕೆರೆ ಯೋಜನೆ ಅಡಿಯಲ್ಲಿ ಶ್ರೀ ಕ್ಷೇತ್ರ ಧರ್ಮಸ್ಥಳ ಗ್ರಾಮಾಭಿವೃದ್ಧಿ ಯೋಜನೆ ಪುನಶ್ಚೇತನಗೊಳಿಸಿದ್ದು ನಾಮಫಲಕ ಅನಾವರಣ ಹಾಗೂ ಬಾಗಿನ ಅರ್ಪಿಸಿ ಗ್ರಾಮ ಪಂಚಾಯಿತಿಗೆ ಹಸ್ತಾಂತರ ಮಾಡಲಾಯಿತು. ಗೋಡೆಕೆರೆ ಮಹಾ ಸಂಸ್ಥಾನ ಮಠದ ಶ್ರೀ ಮೃತ್ಯುಂಜಯ ದೇಶಿಕೇಂದ್ರ ಸ್ವಾಮೀಜಿ ಬಾಗಿನ ಅರ್ಪಣೆ ಮಾಡಿ ಮಾತನಾಡಿದರು. ತಾಲ್ಲೂಕಿನ ಬಳಗೆರೆ ಗ್ರಾಮ ಪಂಚಾಯಿತಿ ವ್ಯಾಪ್ತಿಯ ಗ್ರಾಮದ ಬೋರಣ್ಣನ ಕಟ್ಟೆ ಕೆರೆಯನ್ನು ನಮ್ಮ ಊರು ನಮ್ಮ ಕೆರೆ ಯೋಜನೆ ಅಡಿಯಲ್ಲಿ ಶ್ರೀ ಕ್ಷೇತ್ರ ಧರ್ಮಸ್ಥಳ ಗ್ರಾಮಾಭಿವೃದ್ಧಿ ಯೋಜನೆ ಪುನಶ್ಚೇತನಗೊಳಿಸಿದ್ದು ನಾಮಫಲಕ ಅನಾವರಣ ಹಾಗೂ ಬಾಗಿನ ಅರ್ಪಿಸಿ ಗ್ರಾಮ ಪಂಚಾಯಿತಿಗೆ ಹಸ್ತಾಂತರ ಮಾಡಲಾಯಿತು.

ಗೋಡೆಕೆರೆ ಮಹಾ ಸಂಸ್ಥಾನ ಮಠದ ಶ್ರೀ ಮೃತ್ಯುಂಜಯ ದೇಶಿಕೇಂದ್ರ ಸ್ವಾಮೀಜಿ ಬಾಗಿನ ಅರ್ಪಣೆ ಮಾಡಿ ಮಾತನಾಡಿದರು. ತಾಲ್ಲೂಕಿನ ಬಳಗೆರೆ ಗ್ರಾಮ ಪಂಚಾಯಿತಿ ವ್ಯಾಪ್ತಿಯ ಗ್ರಾಮದ ಬೋರಣ್ಣನ ಕಟ್ಟೆ ಕೆರೆಯನ್ನು ನಮ್ಮ ಊರು ನಮ್ಮ ಕೆರೆ ಯೋಜನೆ ಅಡಿಯಲ್ಲಿ ಶ್ರೀ ಕ್ಷೇತ್ರ ಧರ್ಮಸ್ಥಳ ಗ್ರಾಮಾಭಿವೃದ್ಧಿ ಯೋಜನೆ ಪುನಶ್ಚೇತನಗೊಳಿಸಿದ್ದು ನಾಮಫಲಕ ಅನಾವರಣ ಹಾಗೂ ಬಾಗಿನ ಅರ್ಪಿಸಿ ಗ್ರಾಮ ಪಂಚಾಯಿತಿಗೆ ಹಸ್ತಾಂತರ ಮಾಡಲಾಯಿತು. ಗೋಡೆಕೆರೆ ಮಹಾ ಸಂಸ್ಥಾನ ಮಠದ ಶ್ರೀ ಮೃತ್ಯುಂಜಯ ದೇಶಿಕೇಂದ್ರ ಸ್ವಾಮೀಜಿ ಬಾಗಿನ ಅರ್ಪಣೆ ಮಾಡಿ ಮಾತನಾಡಿದರು.

ತಾಲ್ಲೂಕಿನ ಬಳಗೆರೆ ಗ್ರಾಮ ಪಂಚಾಯಿತಿ ವ್ಯಾಪ್ತಿಯ ಗ್ರಾಮದ ಬೋರಣ್ಣನ ಕಟ್ಟೆ ಕೆರೆಯನ್ನು ನಮ್ಮ ಊರು ನಮ್ಮ ಕೆರೆ ಯೋಜನೆ ಅಡಿಯಲ್ಲಿ ಶ್ರೀ ಕ್ಷೇತ್ರ ಧರ್ಮಸ್ಥಳ ಗ್ರಾಮಾಭಿವೃದ್ಧಿ ಯೋಜನೆ ಪುನಶ್ಚೇತನಗೊಳಿಸಿದ್ದು ನಾಮಫಲಕ ಅನಾವರಣ ಹಾಗೂ ಬಾಗಿನ ಅರ್ಪಿಸಿ ಗ್ರಾಮ ಪಂಚಾಯಿತಿಗೆ ಹಸ್ತಾಂತರ ಮಾಡಲಾಯಿತು.

ತಾಲ್ಲೂಕಿನ ಬಳಗೆರೆ ಗ್ರಾಮ ಪಂಚಾಯಿತಿ ವ್ಯಾಪ್ತಿಯ ಗ್ರಾಮದ ಬೋರಣ್ಣನ ಕಟ್ಟೆ ಕೆರೆಯನ್ನು ನಮ್ಮ ಊರು ನಮ್ಮ ಕೆರೆ ಯೋಜನೆ ಅಡಿಯಲ್ಲಿ ಶ್ರೀ ಕ್ಷೇತ್ರ ಧರ್ಮಸ್ಥಳ ಗ್ರಾಮಾಭಿವೃದ್ಧಿ ಯೋಜನೆ ಪುನಶ್ಚೇತನಗೊಳಿಸಿದ್ದು ನಾಮಫಲಕ ಅನಾವರಣ ಹಾಗೂ ಬಾಗಿನ ಅರ್ಪಿಸಿ ಗ್ರಾಮ ಪಂಚಾಯಿತಿಗೆ ಹಸ್ತಾಂತರ ಮಾಡಲಾಯಿತು. ಗೋಡೆಕೆರೆ ಮಹಾ ಸಂಸ್ಥಾನ ಮಠದ ಶ್ರೀ ಮೃತ್ಯುಂಜಯ ದೇಶಿಕೇಂದ್ರ ಸ್ವಾಮೀಜಿ ಬಾಗಿನ ಅರ್ಪಣೆ ಮಾಡಿ ಮಾತನಾಡಿದರು. ತಾಲ್ಲೂಕಿನ ಬಳಗೆರೆ ಗ್ರಾಮ ಪಂಚಾಯಿತಿ ವ್ಯಾಪ್ತಿಯ ಗ್ರಾಮದ ಬೋರಣ್ಣನ ಕಟ್ಟೆ ಕೆರೆಯನ್ನು ನಮ್ಮ ಊರು ನಮ್ಮ ಕೆರೆ ಯೋಜನೆ ಅಡಿಯಲ್ಲಿ ಶ್ರೀ ಕ್ಷೇತ್ರ ಧರ್ಮಸ್ಥಳ ಗ್ರಾಮಾಭಿವೃದ್ಧಿ ಯೋಜನೆ ಪುನಶ್ಚೇತನಗೊಳಿಸಿದ್ದು ನಾಮಫಲಕ ಅನಾವರಣ ಹಾಗೂ ಬಾಗಿನ ಅರ್ಪಿಸಿ ಗ್ರಾಮ ಪಂಚಾಯಿತಿಗೆ ಹಸ್ತಾಂತರ ಮಾಡಲಾಯಿತು.

ಗೋಡೆಕೆರೆ ಮಹಾ ಸಂಸ್ಥಾನ ಮಠದ ಶ್ರೀ ಮೃತ್ಯುಂಜಯ ದೇಶಿಕೇಂದ್ರ ಸ್ವಾಮೀಜಿ ಬಾಗಿನ ಅರ್ಪಣೆ ಮಾಡಿ ಮಾತನಾಡಿದರು. ತಾಲ್ಲೂಕಿನ ಬಳಗೆರೆ ಗ್ರಾಮ ಪಂಚಾಯಿತಿ ವ್ಯಾಪ್ತಿಯ ಗ್ರಾಮದ ಬೋರಣ್ಣನ ಕಟ್ಟೆ ಕೆರೆಯನ್ನು ನಮ್ಮ ಊರು ನಮ್ಮ ಕೆರೆ ಯೋಜನೆ ಅಡಿಯಲ್ಲಿ ಶ್ರೀ ಕ್ಷೇತ್ರ ಧರ್ಮಸ್ಥಳ ಗ್ರಾಮಾಭಿವೃದ್ಧಿ ಯೋಜನೆ ಪುನಶ್ಚೇತನಗೊಳಿಸಿದ್ದು ನಾಮಫಲಕ ಅನಾವರಣ ಹಾಗೂ ಬಾಗಿನ ಅರ್ಪಿಸಿ ಗ್ರಾಮ ಪಂಚಾಯಿತಿಗೆ ಹಸ್ತಾಂತರ ಮಾಡಲಾಯಿತು. ಗೋಡೆಕೆರೆ ಮಹಾ ಸಂಸ್ಥಾನ ಮಠದ ಶ್ರೀ ಮೃತ್ಯುಂಜಯ ದೇಶಿಕೇಂದ್ರ ಸ್ವಾಮೀಜಿ ಬಾಗಿನ ಅರ್ಪಣೆ ಮಾಡಿ ಮಾತನಾಡಿದರು.

ಅರ್ಜಿ ಆಹ್ವಾನ

ಚಾಮರಾಜನಗರ: ರಾಜ್ಯಾದ್ಯಂತ ಹಾಗೂ ಹೊರರಾಜ್ಯಗಳಲ್ಲಿ ಕ್ರಿಯಾತ್ಮಕ ಸಾಂಸ್ಕೃತಿಕ ಚಟುವಟಿಕೆಗಳ ಮೂಲಕ ನಾಡಿನ ಭಾಷಾ ಸಂವರ್ಧನೆ, ಕಲೆ, ಸಾಹಿತ್ಯ, ಸಂಗೀತ, ಜಾನಪದ ನೃತ್ಯ ಕಲಾಪ್ರಕಾರಗಳನ್ನು ಉಳಿಸಿ ಬೆಳೆಸುವ ಸಲುವಾಗಿ ಕಾರ್ಯನಿರ್ವಹಿಸುತ್ತಿರುವ ನೋಂದಾಯಿತ ಸಂಸ್ಥೆ-ಸಂಸ್ಥೆಗಳಿಗೆ ಧನಸಹಾಯ ಹಾಗೂ ಕಲಾವಿದರಿಗೆ ವಾದ್ಯ ಪರಿಕರ ಮತ್ತು ವೇಷಭೂಷಣಗಳ ಖರೀದಿಗೆ ಸಹಾಯಧನ ಮತ್ತು ಚಿತ್ರಕಲೆ-ಶಿಲ್ಪ ಕಲಾಕೃತಿಗಳ ಪ್ರದರ್ಶನಕ್ಕೆ ಸಹಾಯಧನ ನೀಡಲು 2025-26ನೇ ಸಾಲಿನ ಸಾಮಾನ್ಯ ವರ್ಗ, ಪರಿಶಿಷ್ಟ ಜಾತಿ ಹಾಗೂ ಪರಿಶಿಷ್ಟ ಪಂಗಡದ ಉಪಯೋಜನೆಯಡಿ ಅರ್ಜಿ ಆಹ್ವಾನಿಸಲಾಗಿದೆ. www.Sevasindhu.karnataka.gov.in www.kannadasiri.karnataka.gov.in

ರಾಜ್ಯಾದ್ಯಂತ ಹಾಗೂ ಹೊರರಾಜ್ಯಗಳಲ್ಲಿ ಕ್ರಿಯಾತ್ಮಕ ಸಾಂಸ್ಕೃತಿಕ ಚಟುವಟಿಕೆಗಳ ಮೂಲಕ ನಾಡಿನ ಭಾಷಾ ಸಂವರ್ಧನೆ, ಕಲೆ, ಸಾಹಿತ್ಯ, ಸಂಗೀತ, ಜಾನಪದ ನೃತ್ಯ ಕಲಾಪ್ರಕಾರಗಳನ್ನು ಉಳಿಸಿ ಬೆಳೆಸುವ ಸಲುವಾಗಿ ಕಾರ್ಯನಿರ್ವಹಿಸುತ್ತಿರುವ ನೋಂದಾಯಿತ ಸಂಸ್ಥೆ-ಸಂಸ್ಥೆಗಳಿಗೆ ಧನಸಹಾಯ ಹಾಗೂ ಕಲಾವಿದರಿಗೆ ವಾದ್ಯ ಪರಿಕರ ಮತ್ತು ವೇಷಭೂಷಣಗಳ ಖರೀದಿಗೆ ಸಹಾಯಧನ ಮತ್ತು ಚಿತ್ರಕಲೆ-ಶಿಲ್ಪ ಕಲಾಕೃತಿಗಳ ಪ್ರದರ್ಶನಕ್ಕೆ ಸಹಾಯಧನ ನೀಡಲು 2025-26ನೇ ಸಾಲಿನ ಸಾಮಾನ್ಯ ವರ್ಗ, ಪರಿಶಿಷ್ಟ ಜಾತಿ ಹಾಗೂ ಪರಿಶಿಷ್ಟ ಪಂಗಡದ ಉಪಯೋಜನೆಯಡಿ ಅರ್ಜಿ ಆಹ್ವಾನಿಸಲಾಗಿದೆ. www.Sevasindhu.karnataka.gov.in www.kannadasiri.karnataka.gov.in ರಾಜ್ಯಾದ್ಯಂತ ಹಾಗೂ ಹೊರರಾಜ್ಯಗಳಲ್ಲಿ ಕ್ರಿಯಾತ್ಮಕ ಸಾಂಸ್ಕೃತಿಕ ಚಟುವಟಿಕೆಗಳ ಮೂಲಕ ನಾಡಿನ ಭಾಷಾ ಸಂವರ್ಧನೆ, ಕಲೆ, ಸಾಹಿತ್ಯ, ಸಂಗೀತ, ಜಾನಪದ ನೃತ್ಯ ಕಲಾಪ್ರಕಾರಗಳನ್ನು ಉಳಿಸಿ ಬೆಳೆಸುವ ಸಲುವಾಗಿ ಕಾರ್ಯನಿರ್ವಹಿಸುತ್ತಿರುವ ನೋಂದಾಯಿತ ಸಂಸ್ಥೆ-ಸಂಸ್ಥೆಗಳಿಗೆ ಧನಸಹಾಯ ಹಾಗೂ ಕಲಾವಿದರಿಗೆ ವಾದ್ಯ ಪರಿಕರ ಮತ್ತು ವೇಷಭೂಷಣಗಳ ಖರೀದಿಗೆ ಸಹಾಯಧನ ಮತ್ತು ಚಿತ್ರಕಲೆ-ಶಿಲ್ಪ ಕಲಾಕೃತಿಗಳ ಪ್ರದರ್ಶನಕ್ಕೆ ಸಹಾಯಧನ ನೀಡಲು 2025-26ನೇ ಸಾಲಿನ ಸಾಮಾನ್ಯ ವರ್ಗ, ಪರಿಶಿಷ್ಟ ಜಾತಿ ಹಾಗೂ ಪರಿಶಿಷ್ಟ ಪಂಗಡದ ಉಪಯೋಜನೆಯಡಿ ಅರ್ಜಿ ಆಹ್ವಾನಿಸಲಾಗಿದೆ.

www.Sevasindhu.karnataka.gov.in www.kannadasiri.karnataka.gov.in

ಬೀದಿನಾಟಕ ಪ್ರದರ್ಶನಕ್ಕಾಗಿ ಅರ್ಹ ಸಂಸ್ಥೆಗಳಿಂದ ದರಪಟ್ಟಿ ಆಹ್ವಾನ

ಚಾಮರಾಜನಗರ: ಕಾರ್ಮಿಕ ಇಲಾಖೆಯ ಜಿಲ್ಲಾ ಬಾಲಕಾರ್ಮಿಕ ಯೋಜನೆ ಸೊಸೈಟಿ ವತಿಯಿಂದ ಪರಿಶಿಷ್ಟಜಾತಿ ಉಪಯೋಜನೆ (ಎಸ್.ಸಿ.ಪಿ) ಮತ್ತು ಬುಡಕಟ್ಟು ಉಪಯೋಜನೆಯಡಿ (ಟಿ.ಎಸ್.ಪಿ) ಬಾಲ್ಯ ಮತ್ತು ಕಿಶೋರ ಕಾರ್ಮಿಕರ ಪದ್ಧತಿ ವಿರುದ್ಧ ಜಾಗೃತಿ ಮೂಡಿಸುವ ಸಲುವಾಗಿ ಜಿಲ್ಲಾದ್ಯಂತ ಆಯ್ದ ಸ್ಥಳಗಳಲ್ಲಿ ಬೀದಿನಾಟಕ ಪ್ರದರ್ಶಿಸಲು ಅರ್ಹ ಸಂಸ್ಥೆಗಳಿಂದ ದರಪಟ್ಟಿ ಆಹ್ವಾನಿಸಲಾಗಿದೆ.

ಕಾರ್ಮಿಕ ಇಲಾಖೆಯ ಜಿಲ್ಲಾ ಬಾಲಕಾರ್ಮಿಕ ಯೋಜನೆ ಸೊಸೈಟಿ ವತಿಯಿಂದ ಪರಿಶಿಷ್ಟಜಾತಿ ಉಪಯೋಜನೆ (ಎಸ್.ಸಿ.ಪಿ) ಮತ್ತು ಬುಡಕಟ್ಟು ಉಪಯೋಜನೆಯಡಿ (ಟಿ.ಎಸ್.ಪಿ) ಬಾಲ್ಯ ಮತ್ತು ಕಿಶೋರ ಕಾರ್ಮಿಕರ ಪದ್ಧತಿ ವಿರುದ್ಧ ಜಾಗೃತಿ ಮೂಡಿಸುವ ಸಲುವಾಗಿ ಜಿಲ್ಲಾದ್ಯಂತ ಆಯ್ದ ಸ್ಥಳಗಳಲ್ಲಿ ಬೀದಿನಾಟಕ ಪ್ರದರ್ಶಿಸಲು ಅರ್ಹ ಸಂಸ್ಥೆಗಳಿಂದ ದರಪಟ್ಟಿ ಆಹ್ವಾನಿಸಲಾಗಿದೆ. ಕಾರ್ಮಿಕ ಇಲಾಖೆಯ ಜಿಲ್ಲಾ ಬಾಲಕಾರ್ಮಿಕ ಯೋಜನೆ ಸೊಸೈಟಿ ವತಿಯಿಂದ ಪರಿಶಿಷ್ಟಜಾತಿ ಉಪಯೋಜನೆ (ಎಸ್.ಸಿ.ಪಿ) ಮತ್ತು ಬುಡಕಟ್ಟು ಉಪಯೋಜನೆಯಡಿ (ಟಿ.ಎಸ್.ಪಿ) ಬಾಲ್ಯ ಮತ್ತು ಕಿಶೋರ ಕಾರ್ಮಿಕರ ಪದ್ಧತಿ ವಿರುದ್ಧ ಜಾಗೃತಿ ಮೂಡಿಸುವ ಸಲುವಾಗಿ ಜಿಲ್ಲಾದ್ಯಂತ ಆಯ್ದ ಸ್ಥಳಗಳಲ್ಲಿ ಬೀದಿನಾಟಕ ಪ್ರದರ್ಶಿಸಲು ಅರ್ಹ ಸಂಸ್ಥೆಗಳಿಂದ ದರಪಟ್ಟಿ ಆಹ್ವಾನಿಸಲಾಗಿದೆ.

ನಗರದ ಪ್ರಥಮ ದರ್ಜೆ ಕಾಲೇಜಿನಲ್ಲಿ ಅರ್ಥಪೂರ್ಣ ಸಸಂವಿಧಾನ ದಿನಾಚರಣೆ

ಚಾಮರಾಜನಗರ: ನಗರದ ಸರ್ಕಾರಿ ಪ್ರಥಮ ದರ್ಜೆ ಕಾಲೇಜಿನಲ್ಲಿ ಸಂವಿಧಾನ ದಿನಾಚರಣೆಯನ್ನು ಅರ್ಥಪೂರ್ಣವಾಗಿ ಆಚರಿಸಲಾಯಿತು. ಕಾರ್ಯಕ್ರಮದಲ್ಲಿ ಸಂವಿಧಾನದ ಪೀಠಿಕೆಯನ್ನು ವಾಚಿಸಲಾಯಿತು ಹಾಗೂ ವಿದ್ಯಾರ್ಥಿಗಳಿಗೆ ಸಂವಿಧಾನದ ಮಹತ್ವ ಕುರಿತು ಉಪನ್ಯಾಸ ನೀಡಲಾಯಿತು.

ನಗರದ ಸರ್ಕಾರಿ ಪ್ರಥಮ ದರ್ಜೆ ಕಾಲೇಜಿನಲ್ಲಿ ಸಂವಿಧಾನ ದಿನಾಚರಣೆಯನ್ನು ಅರ್ಥಪೂರ್ಣವಾಗಿ ಆಚರಿಸಲಾಯಿತು. ಕಾರ್ಯಕ್ರಮದಲ್ಲಿ ಸಂವಿಧಾನದ ಪೀಠಿಕೆಯನ್ನು ವಾಚಿಸಲಾಯಿತು ಹಾಗೂ ವಿದ್ಯಾರ್ಥಿಗಳಿಗೆ ಸಂವಿಧಾನದ ಮಹತ್ವ ಕುರಿತು ಉಪನ್ಯಾಸ ನೀಡಲಾಯಿತು. ನಗರದ ಸರ್ಕಾರಿ ಪ್ರಥಮ ದರ್ಜೆ ಕಾಲೇಜಿನಲ್ಲಿ ಸಂವಿಧಾನ ದಿನಾಚರಣೆಯನ್ನು ಅರ್ಥಪೂರ್ಣವಾಗಿ ಆಚರಿಸಲಾಯಿತು.

ಕಾರ್ಯಕ್ರಮದಲ್ಲಿ ಸಂವಿಧಾನದ ಪೀಠಿಕೆಯನ್ನು ವಾಚಿಸಲಾಯಿತು ಹಾಗೂ ವಿದ್ಯಾರ್ಥಿಗಳಿಗೆ ಸಂವಿಧಾನದ ಮಹತ್ವ ಕುರಿತು ಉಪನ್ಯಾಸ ನೀಡಲಾಯಿತು. ನಗರದ ಸರ್ಕಾರಿ ಪ್ರಥಮ ದರ್ಜೆ ಕಾಲೇಜಿನಲ್ಲಿ ಸಂವಿಧಾನ ದಿನಾಚರಣೆಯನ್ನು ಅರ್ಥಪೂರ್ಣವಾಗಿ ಆಚರಿಸಲಾಯಿತು. ಕಾರ್ಯಕ್ರಮದಲ್ಲಿ ಸಂವಿಧಾನದ ಪೀಠಿಕೆಯನ್ನು ವಾಚಿಸಲಾಯಿತು ಹಾಗೂ ವಿದ್ಯಾರ್ಥಿಗಳಿಗೆ ಸಂವಿಧಾನದ ಮಹತ್ವ ಕುರಿತು ಉಪನ್ಯಾಸ ನೀಡಲಾಯಿತು.

ನಗರದ ಸರ್ಕಾರಿ ಪ್ರಥಮ ದರ್ಜೆ ಕಾಲೇಜಿನಲ್ಲಿ ಸಂವಿಧಾನ ದಿನಾಚರಣೆಯನ್ನು ಅರ್ಥಪೂರ್ಣವಾಗಿ ಆಚರಿಸಲಾಯಿತು. ಕಾರ್ಯಕ್ರಮದಲ್ಲಿ ಸಂವಿಧಾನದ ಪೀಠಿಕೆಯನ್ನು ವಾಚಿಸಲಾಯಿತು ಹಾಗೂ ವಿದ್ಯಾರ್ಥಿಗಳಿಗೆ ಸಂವಿಧಾನದ ಮಹತ್ವ ಕುರಿತು ಉಪನ್ಯಾಸ ನೀಡಲಾಯಿತು. ನಗರದ ಸರ್ಕಾರಿ ಪ್ರಥಮ ದರ್ಜೆ ಕಾಲೇಜಿನಲ್ಲಿ ಸಂವಿಧಾನ ದಿನಾಚರಣೆಯನ್ನು ಅರ್ಥಪೂರ್ಣವಾಗಿ ಆಚರಿಸಲಾಯಿತು.

ಕಾರ್ಯಕ್ರಮದಲ್ಲಿ ಸಂವಿಧಾನದ ಪೀಠಿಕೆಯನ್ನು ವಾಚಿಸಲಾಯಿತು ಹಾಗೂ ವಿದ್ಯಾರ್ಥಿಗಳಿಗೆ ಸಂವಿಧಾನದ ಮಹತ್ವ ಕುರಿತು ಉಪನ್ಯಾಸ ನೀಡಲಾಯಿತು. ನಗರದ ಸರ್ಕಾರಿ ಪ್ರಥಮ ದರ್ಜೆ ಕಾಲೇಜಿನಲ್ಲಿ ಸಂವಿಧಾನ ದಿನಾಚರಣೆಯನ್ನು ಅರ್ಥಪೂರ್ಣವಾಗಿ ಆಚರಿಸಲಾಯಿತು.

ಶೌಚಾಲಯ ನಿರ್ಮಾಣಕ್ಕಾಗಿ ಅರ್ಜಿ ಆಹ್ವಾನ

ಚಾಮರಾಜನಗರ: ಜಿಲ್ಲೆಯ ಕೊಳ್ಳೇಗಾಲ ನಗರಸಭೆ ವ್ಯಾಪ್ತಿಯಲ್ಲಿ ಸ್ವಚ್ಛ ಭಾರತ ಮಿಷನ್ ಯೋಜನೆಯಡಿ ವೈಯಕ್ತಿಕ ಶೌಚಾಲಯ ನಿರ್ಮಾಣಕ್ಕಾಗಿ ಅರ್ಹ ಫಲಾನುಭವಿಗಳಿಂದ ಅರ್ಜಿ ಆಹ್ವಾನಿಸಲಾಗಿದೆ. ಆಸಕ್ತರು ನಗರಸಭೆ ಕಚೇರಿಯನ್ನು ಸಂಪರ್ಕಿಸಬಹುದು.

ಜಿಲ್ಲೆಯ ಕೊಳ್ಳೇಗಾಲ ನಗರಸಭೆ ವ್ಯಾಪ್ತಿಯಲ್ಲಿ ಸ್ವಚ್ಛ ಭಾರತ ಮಿಷನ್ ಯೋಜನೆಯಡಿ ವೈಯಕ್ತಿಕ ಶೌಚಾಲಯ ನಿರ್ಮಾಣಕ್ಕಾಗಿ ಅರ್ಹ ಫಲಾನುಭವಿಗಳಿಂದ ಅರ್ಜಿ ಆಹ್ವಾನಿಸಲಾಗಿದೆ. ಆಸಕ್ತರು ನಗರಸಭೆ ಕಚೇರಿಯನ್ನು ಸಂಪರ್ಕಿಸಬಹುದು. ಜಿಲ್ಲೆಯ ಕೊಳ್ಳೇಗಾಲ ನಗರಸಭೆ ವ್ಯಾಪ್ತಿಯಲ್ಲಿ ಸ್ವಚ್ಛ ಭಾರತ ಮಿಷನ್ ಯೋಜನೆಯಡಿ ವೈಯಕ್ತಿಕ ಶೌಚಾಲಯ ನಿರ್ಮಾಣಕ್ಕಾಗಿ ಅರ್ಹ ಫಲಾನುಭವಿಗಳಿಂದ ಅರ್ಜಿ ಆಹ್ವಾನಿಸಲಾಗಿದೆ.

ಆಸಕ್ತರು ನಗರಸಭೆ ಕಚೇರಿಯನ್ನು ಸಂಪರ್ಕಿಸಬಹುದು. ಜಿಲ್ಲೆಯ ಕೊಳ್ಳೇಗಾಲ ನಗರಸಭೆ ವ್ಯಾಪ್ತಿಯಲ್ಲಿ ಸ್ವಚ್ಛ ಭಾರತ ಮಿಷನ್ ಯೋಜನೆಯಡಿ ವೈಯಕ್ತಿಕ ಶೌಚಾಲಯ ನಿರ್ಮಾಣಕ್ಕಾಗಿ ಅರ್ಹ ಫಲಾನುಭವಿಗಳಿಂದ ಅರ್ಜಿ ಆಹ್ವಾನಿಸಲಾಗಿದೆ. ಆಸಕ್ತರು ನಗರಸಭೆ ಕಚೇರಿಯನ್ನು ಸಂಪರ್ಕಿಸಬಹುದು.

ಸರ್ಕಾರಕ್ಕೆ ವಾಪಸ್ಸಾಗುವ ಅನುದಾನದಲ್ಲಿ ಗಿಡ
ಮರಗಳನ್ನು ಬೆಳಸಲಿ : ಪ್ರೊ.ಜಿ.ಎಸ್. ಜಯದೇವ್

ಚಾಮರಾಜನಗರ: ಸರ್ಕಾರದಿಂದ ಬಿಡುಗಡೆಯಾಗುವ ಅನುದಾನದಲ್ಲಿ ಬಳಕೆಯಾಗದೆ ವಾಪಸ್ಸಾಗುವ ಹಣದಲ್ಲಿ ಗಿಡ ಮರಗಳನ್ನು ಬೆಳೆಸಿದರೆ ಪರಿಸರ ಸಂರಕ್ಷಣೆಗೆ ಸಹಕಾರಿಯಾಗಲಿದೆ ಎಂದು ದೀನಬಂಧು ಸಂಸ್ಥೆಯ ಪ್ರೊ.ಜಿ.ಎಸ್. ಜಯದೇವ್ ಅಭಿಪ್ರಾಯಪಟ್ಟರು. ಕಾರ್ಯಕ್ರಮದಲ್ಲಿ ಸಸಿಗಳನ್ನು ನೆಡಲಾಯಿತು.

ಸರ್ಕಾರದಿಂದ ಬಿಡುಗಡೆಯಾಗುವ ಅನುದಾನದಲ್ಲಿ ಬಳಕೆಯಾಗದೆ ವಾಪಸ್ಸಾಗುವ ಹಣದಲ್ಲಿ ಗಿಡ ಮರಗಳನ್ನು ಬೆಳೆಸಿದರೆ ಪರಿಸರ ಸಂರಕ್ಷಣೆಗೆ ಸಹಕಾರಿಯಾಗಲಿದೆ ಎಂದು ದೀನಬಂಧು ಸಂಸ್ಥೆಯ ಪ್ರೊ.ಜಿ.ಎಸ್. ಜಯದೇವ್ ಅಭಿಪ್ರಾಯಪಟ್ಟರು. ಕಾರ್ಯಕ್ರಮದಲ್ಲಿ ಸಸಿಗಳನ್ನು ನೆಡಲಾಯಿತು.

ಸರ್ಕಾರದಿಂದ ಬಿಡುಗಡೆಯಾಗುವ ಅನುದಾನದಲ್ಲಿ ಬಳಕೆಯಾಗದೆ ವಾಪಸ್ಸಾಗುವ ಹಣದಲ್ಲಿ ಗಿಡ ಮರಗಳನ್ನು ಬೆಳೆಸಿದರೆ ಪರಿಸರ ಸಂರಕ್ಷಣೆಗೆ ಸಹಕಾರಿಯಾಗಲಿದೆ ಎಂದು ದೀನಬಂಧು ಸಂಸ್ಥೆಯ ಪ್ರೊ.ಜಿ.ಎಸ್. ಜಯದೇವ್ ಅಭಿಪ್ರಾಯಪಟ್ಟರು. ಕಾರ್ಯಕ್ರಮದಲ್ಲಿ ಸಸಿಗಳನ್ನು ನೆಡಲಾಯಿತು.

ಸರ್ಕಾರದಿಂದ ಬಿಡುಗಡೆಯಾಗುವ ಅನುದಾನದಲ್ಲಿ ಬಳಕೆಯಾಗದೆ ವಾಪಸ್ಸಾಗುವ ಹಣದಲ್ಲಿ ಗಿಡ ಮರಗಳನ್ನು ಬೆಳೆಸಿದರೆ ಪರಿಸರ ಸಂರಕ್ಷಣೆಗೆ ಸಹಕಾರಿಯಾಗಲಿದೆ ಎಂದು ದೀನಬಂಧು ಸಂಸ್ಥೆಯ ಪ್ರೊ.ಜಿ.ಎಸ್. ಜಯದೇವ್ ಅಭಿಪ್ರಾಯಪಟ್ಟರು. ಕಾರ್ಯಕ್ರಮದಲ್ಲಿ ಸಸಿಗಳನ್ನು ನೆಡಲಾಯಿತು.

ಸರ್ಕಾರದಿಂದ ಬಿಡುಗಡೆಯಾಗುವ ಅನುದಾನದಲ್ಲಿ ಬಳಕೆಯಾಗದೆ ವಾಪಸ್ಸಾಗುವ ಹಣದಲ್ಲಿ ಗಿಡ ಮರಗಳನ್ನು ಬೆಳೆಸಿದರೆ ಪರಿಸರ ಸಂರಕ್ಷಣೆಗೆ ಸಹಕಾರಿಯಾಗಲಿದೆ ಎಂದು ದೀನಬಂಧು ಸಂಸ್ಥೆಯ ಪ್ರೊ.ಜಿ.ಎಸ್. ಜಯದೇವ್ ಅಭಿಪ್ರಾಯಪಟ್ಟರು. ಕಾರ್ಯಕ್ರಮದಲ್ಲಿ ಸಸಿಗಳನ್ನು ನೆಡಲಾಯಿತು.

ಸರ್ಕಾರದಿಂದ ಬಿಡುಗಡೆಯಾಗುವ ಅನುದಾನದಲ್ಲಿ ಬಳಕೆಯಾಗದೆ ವಾಪಸ್ಸಾಗುವ ಹಣದಲ್ಲಿ ಗಿಡ ಮರಗಳನ್ನು ಬೆಳೆಸಿದರೆ ಪರಿಸರ ಸಂರಕ್ಷಣೆಗೆ ಸಹಕಾರಿಯಾಗಲಿದೆ ಎಂದು ದೀನಬಂಧು ಸಂಸ್ಥೆಯ ಪ್ರೊ.ಜಿ.ಎಸ್. ಜಯದೇವ್ ಅಭಿಪ್ರಾಯಪಟ್ಟರು. ಕಾರ್ಯಕ್ರಮದಲ್ಲಿ ಸಸಿಗಳನ್ನು ನೆಡಲಾಯಿತು.

ಸರ್ಕಾರದಿಂದ ಬಿಡುಗಡೆಯಾಗುವ ಅನುದಾನದಲ್ಲಿ ಬಳಕೆಯಾಗದೆ ವಾಪಸ್ಸಾಗುವ ಹಣದಲ್ಲಿ ಗಿಡ ಮರಗಳನ್ನು ಬೆಳೆಸಿದರೆ ಪರಿಸರ ಸಂರಕ್ಷಣೆಗೆ ಸಹಕಾರಿಯಾಗಲಿದೆ ಎಂದು ದೀನಬಂಧು ಸಂಸ್ಥೆಯ ಪ್ರೊ.ಜಿ.ಎಸ್. ಜಯದೇವ್ ಅಭಿಪ್ರಾಯಪಟ್ಟರು. ಕಾರ್ಯಕ್ರಮದಲ್ಲಿ ಸಸಿಗಳನ್ನು ನೆಡಲಾಯಿತು.

ಸರ್ಕಾರದಿಂದ ಬಿಡುಗಡೆಯಾಗುವ ಅನುದಾನದಲ್ಲಿ ಬಳಕೆಯಾಗದೆ ವಾಪಸ್ಸಾಗುವ ಹಣದಲ್ಲಿ ಗಿಡ ಮರಗಳನ್ನು ಬೆಳೆಸಿದರೆ ಪರಿಸರ ಸಂರಕ್ಷಣೆಗೆ ಸಹಕಾರಿಯಾಗಲಿದೆ ಎಂದು ದೀನಬಂಧು ಸಂಸ್ಥೆಯ ಪ್ರೊ.ಜಿ.ಎಸ್. ಜಯದೇವ್ ಅಭಿಪ್ರಾಯಪಟ್ಟರು. ಕಾರ್ಯಕ್ರಮದಲ್ಲಿ ಸಸಿಗಳನ್ನು ನೆಡಲಾಯಿತು.

ಸರ್ಕಾರದಿಂದ ಬಿಡುಗಡೆಯಾಗುವ ಅನುದಾನದಲ್ಲಿ ಬಳಕೆಯಾಗದೆ ವಾಪಸ್ಸಾಗುವ ಹಣದಲ್ಲಿ ಗಿಡ ಮರಗಳನ್ನು ಬೆಳೆಸಿದರೆ ಪರಿಸರ ಸಂರಕ್ಷಣೆಗೆ ಸಹಕಾರಿಯಾಗಲಿದೆ ಎಂದು ದೀನಬಂಧು ಸಂಸ್ಥೆಯ ಪ್ರೊ.ಜಿ.ಎಸ್. ಜಯದೇವ್ ಅಭಿಪ್ರಾಯಪಟ್ಟರು. ಕಾರ್ಯಕ್ರಮದಲ್ಲಿ ಸಸಿಗಳನ್ನು ನೆಡಲಾಯಿತು.

ಸರ್ಕಾರದಿಂದ ಬಿಡುಗಡೆಯಾಗುವ ಅನುದಾನದಲ್ಲಿ ಬಳಕೆಯಾಗದೆ ವಾಪಸ್ಸಾಗುವ ಹಣದಲ್ಲಿ ಗಿಡ ಮರಗಳನ್ನು ಬೆಳೆಸಿದರೆ ಪರಿಸರ ಸಂರಕ್ಷಣೆಗೆ ಸಹಕಾರಿಯಾಗಲಿದೆ ಎಂದು ದೀನಬಂಧು ಸಂಸ್ಥೆಯ ಪ್ರೊ.ಜಿ.ಎಸ್. ಜಯದೇವ್ ಅಭಿಪ್ರಾಯಪಟ್ಟರು. ಕಾರ್ಯಕ್ರಮದಲ್ಲಿ ಸಸಿಗಳನ್ನು ನೆಡಲಾಯಿತು.

ಸಂವಿಧಾನವು ಅಂಬೇಡ್ಕರ್
ನಾಗರಿಕರಿಗೆ ಕೊಟ್ಟ ಸಮಾನತೆಯ ಅಸ್ತ್ರ

ಕೊಳ್ಳೇಗಾಲ: ಸಂವಿಧಾನವು ಅಂಬೇಡ್ಕರ್ ನಾಗರಿಕರಿಗೆ ಕೊಟ್ಟ ಸಮಾನತೆಯ ಅಸ್ತ್ರ ಎಂದು ಹಿರಿಯ ಸಿವಿಲ್ ನ್ಯಾಯಾಧೀಶರಾದ ಟಿ.ಸಿ. ಶ್ರೀಕಾಂತ್ ಅವರು ತಿಳಿಸಿದ್ದಾರೆ. ವಾರ್ತಾ ಮತ್ತು ಪ್ರಸಾರ ಸಚಿವಾಲಯ, ಕೇಂದ್ರ ಸಂವಹನ ಇಲಾಖೆ, ಮೈಸೂರು, ಕೊಳ್ಳೇಗಾಲ ತಾಲೂಕು ಕಾನೂನು ಸೇವೆಗಳ ಸಮಿತಿ, ವಕೀಲರ ಸಂಘ, ಸಂತ ಫ್ರಾನ್ಸಿಸ್ ಅಸ್ಸಿಸಿ ಪದವಿ ಪೂರ್ವ ಕಾಲೇಜು ಇವರ ಸಂಯುಕ್ತಾಶ್ರಯದಲ್ಲಿ 'ಸಂವಿಧಾನ ದಿನಾಚರಣೆ-2025' ಮತ್ತು 'ವಿಕಸಿತ ಭಾರತ -2047' ಕಾರ್ಯಕ್ರಮ ನಡೆಯಿತು.

ಸಂವಿಧಾನವು ಅಂಬೇಡ್ಕರ್ ನಾಗರಿಕರಿಗೆ ಕೊಟ್ಟ ಸಮಾನತೆಯ ಅಸ್ತ್ರ ಎಂದು ಹಿರಿಯ ಸಿವಿಲ್ ನ್ಯಾಯಾಧೀಶರಾದ ಟಿ.ಸಿ. ಶ್ರೀಕಾಂತ್ ಅವರು ತಿಳಿಸಿದ್ದಾರೆ. ವಾರ್ತಾ ಮತ್ತು ಪ್ರಸಾರ ಸಚಿವಾಲಯ, ಕೇಂದ್ರ ಸಂವಹನ ಇಲಾಖೆ, ಮೈಸೂರು, ಕೊಳ್ಳೇಗಾಲ ತಾಲೂಕು ಕಾನೂನು ಸೇವೆಗಳ ಸಮಿತಿ, ವಕೀಲರ ಸಂಘ, ಸಂತ ಫ್ರಾನ್ಸಿಸ್ ಅಸ್ಸಿಸಿ ಪದವಿ ಪೂರ್ವ ಕಾಲೇಜು ಇವರ ಸಂಯುಕ್ತಾಶ್ರಯದಲ್ಲಿ 'ಸಂವಿಧಾನ ದಿನಾಚರಣೆ-2025' ಮತ್ತು 'ವಿಕಸಿತ ಭಾರತ -2047' ಕಾರ್ಯಕ್ರಮ ನಡೆಯಿತು.

ಸಂವಿಧಾನವು ಅಂಬೇಡ್ಕರ್ ನಾಗರಿಕರಿಗೆ ಕೊಟ್ಟ ಸಮಾನತೆಯ ಅಸ್ತ್ರ ಎಂದು ಹಿರಿಯ ಸಿವಿಲ್ ನ್ಯಾಯಾಧೀಶರಾದ ಟಿ.ಸಿ. ಶ್ರೀಕಾಂತ್ ಅವರು ತಿಳಿಸಿದ್ದಾರೆ. ವಾರ್ತಾ ಮತ್ತು ಪ್ರಸಾರ ಸಚಿವಾಲಯ, ಕೇಂದ್ರ ಸಂವಹನ ಇಲಾಖೆ, ಮೈಸೂರು, ಕೊಳ್ಳೇಗಾಲ ತಾಲೂಕು ಕಾನೂನು ಸೇವೆಗಳ ಸಮಿತಿ, ವಕೀಲರ ಸಂಘ, ಸಂತ ಫ್ರಾನ್ಸಿಸ್ ಅಸ್ಸಿಸಿ ಪದವಿ ಪೂರ್ವ ಕಾಲೇಜು ಇವರ ಸಂಯುಕ್ತಾಶ್ರಯದಲ್ಲಿ 'ಸಂವಿಧಾನ ದಿನಾಚರಣೆ-2025' ಮತ್ತು 'ವಿಕಸಿತ ಭಾರತ -2047' ಕಾರ್ಯಕ್ರಮ ನಡೆಯಿತು.

ಸಂವಿಧಾನವು ಅಂಬೇಡ್ಕರ್ ನಾಗರಿಕರಿಗೆ ಕೊಟ್ಟ ಸಮಾನತೆಯ ಅಸ್ತ್ರ ಎಂದು ಹಿರಿಯ ಸಿವಿಲ್ ನ್ಯಾಯಾಧೀಶರಾದ ಟಿ.ಸಿ.

» ನ್ಯಾಯಾಧೀಶರಾದ ಶ್ರೀಕಾಂತ್-ಕೊಳ್ಳೇಗಾಲದಲ್ಲಿ ಸಂವಿಧಾನ ಮತ್ತು ವಿಕಸಿತ ಭಾರತ ದಿನಾಚರಣೆ

ಸಂವಿಧಾನವು ಅಂಬೇಡ್ಕರ್ ನಾಗರಿಕರಿಗೆ ಕೊಟ್ಟ ಸಮಾನತೆಯ ಅಸ್ತ್ರ ಎಂದು ಹಿರಿಯ ಸಿವಿಲ್ ನ್ಯಾಯಾಧೀಶರಾದ ಟಿ.ಸಿ. ಶ್ರೀಕಾಂತ್ ಅವರು ತಿಳಿಸಿದ್ದಾರೆ.

ಸಂವಿಧಾನವು ಅಂಬೇಡ್ಕರ್ ನಾಗರಿಕರಿಗೆ ಕೊಟ್ಟ ಸಮಾನತೆಯ ಅಸ್ತ್ರ ಎಂದು ಹಿರಿಯ ಸಿವಿಲ್ ನ್ಯಾಯಾಧೀಶರಾದ ಟಿ.ಸಿ. ಶ್ರೀಕಾಂತ್ ಅವರು ತಿಳಿಸಿದ್ದಾರೆ. ವಾರ್ತಾ ಮತ್ತು ಪ್ರಸಾರ ಸಚಿವಾಲಯ, ಕೇಂದ್ರ ಸಂವಹನ ಇಲಾಖೆ, ಮೈಸೂರು, ಕೊಳ್ಳೇಗಾಲ ತಾಲೂಕು ಕಾನೂನು ಸೇವೆಗಳ ಸಮಿತಿ, ವಕೀಲರ ಸಂಘ, ಸಂತ ಫ್ರಾನ್ಸಿಸ್ ಅಸ್ಸಿಸಿ ಪದವಿ ಪೂರ್ವ ಕಾಲೇಜು ಇವರ ಸಂಯುಕ್ತಾಶ್ರಯದಲ್ಲಿ 'ಸಂವಿಧಾನ ದಿನಾಚರಣೆ-2025' ಮತ್ತು 'ವಿಕಸಿತ ಭಾರತ -2047' ಕಾರ್ಯಕ್ರಮ ನಡೆಯಿತು.

ಸಂವಿಧಾನವು ಅಂಬೇಡ್ಕರ್ ನಾಗರಿಕರಿಗೆ ಕೊಟ್ಟ ಸಮಾನತೆಯ ಅಸ್ತ್ರ ಎಂದು ಹಿರಿಯ ಸಿವಿಲ್ ನ್ಯಾಯಾಧೀಶರಾದ ಟಿ.ಸಿ. ಶ್ರೀಕಾಂತ್ ಅವರು ತಿಳಿಸಿದ್ದಾರೆ. ವಾರ್ತಾ ಮತ್ತು ಪ್ರಸಾರ ಸಚಿವಾಲಯ, ಕೇಂದ್ರ ಸಂವಹನ ಇಲಾಖೆ, ಮೈಸೂರು, ಕೊಳ್ಳೇಗಾಲ ತಾಲೂಕು ಕಾನೂನು ಸೇವೆಗಳ ಸಮಿತಿ, ವಕೀಲರ ಸಂಘ, ಸಂತ ಫ್ರಾನ್ಸಿಸ್ ಅಸ್ಸಿಸಿ ಪದವಿ ಪೂರ್ವ ಕಾಲೇಜು ಇವರ ಸಂಯುಕ್ತಾಶ್ರಯದಲ್ಲಿ 'ಸಂವಿಧಾನ ದಿನಾಚರಣೆ-2025' ಮತ್ತು 'ವಿಕಸಿತ ಭಾರತ -2047' ಕಾರ್ಯಕ್ರಮ ನಡೆಯಿತು.

ಸಂವಿಧಾನವು ಅಂಬೇಡ್ಕರ್ ನಾಗರಿಕರಿಗೆ ಕೊಟ್ಟ ಸಮಾನತೆಯ ಅಸ್ತ್ರ ಎಂದು ಹಿರಿಯ ಸಿವಿಲ್ ನ್ಯಾಯಾಧೀಶರಾದ ಟಿ.ಸಿ. ಶ್ರೀಕಾಂತ್ ಅವರು ತಿಳಿಸಿದ್ದಾರೆ. ವಾರ್ತಾ ಮತ್ತು ಪ್ರಸಾರ ಸಚಿವಾಲಯ, ಕೇಂದ್ರ ಸಂವಹನ ಇಲಾಖೆ, ಮೈಸೂರು, ಕೊಳ್ಳೇಗಾಲ ತಾಲೂಕು ಕಾನೂನು ಸೇವೆಗಳ ಸಮಿತಿ, ವಕೀಲರ ಸಂಘ, ಸಂತ ಫ್ರಾನ್ಸಿಸ್ ಅಸ್ಸಿಸಿ ಪದವಿ ಪೂರ್ವ ಕಾಲೇಜು ಇವರ ಸಂಯುಕ್ತಾಶ್ರಯದಲ್ಲಿ 'ಸಂವಿಧಾನ ದಿನಾಚರಣೆ-2025' ಮತ್ತು 'ವಿಕಸಿತ ಭಾರತ -2047' ಕಾರ್ಯಕ್ರಮ ನಡೆಯಿತು.

ಸಂವಿಧಾನವು ಅಂಬೇಡ್ಕರ್ ನಾಗರಿಕರಿಗೆ ಕೊಟ್ಟ ಸಮಾನತೆಯ ಅಸ್ತ್ರ ಎಂದು ಹಿರಿಯ ಸಿವಿಲ್ ನ್ಯಾಯಾಧೀಶರಾದ ಟಿ.ಸಿ. ಶ್ರೀಕಾಂತ್ ಅವರು ತಿಳಿಸಿದ್ದಾರೆ. ವಾರ್ತಾ ಮತ್ತು ಪ್ರಸಾರ ಸಚಿವಾಲಯ, ಕೇಂದ್ರ ಸಂವಹನ ಇಲಾಖೆ, ಮೈಸೂರು, ಕೊಳ್ಳೇಗಾಲ ತಾಲೂಕು ಕಾನೂನು ಸೇವೆಗಳ ಸಮಿತಿ, ವಕೀಲರ ಸಂಘ, ಸಂತ ಫ್ರಾನ್ಸಿಸ್ ಅಸ್ಸಿಸಿ ಪದವಿ ಪೂರ್ವ ಕಾಲೇಜು ಇವರ ಸಂಯುಕ್ತಾಶ್ರಯದಲ್ಲಿ 'ಸಂವಿಧಾನ ದಿನಾಚರಣೆ-2025' ಮತ್ತು 'ವಿಕಸಿತ ಭಾರತ -2047' ಕಾರ್ಯಕ್ರಮ ನಡೆಯಿತು.
